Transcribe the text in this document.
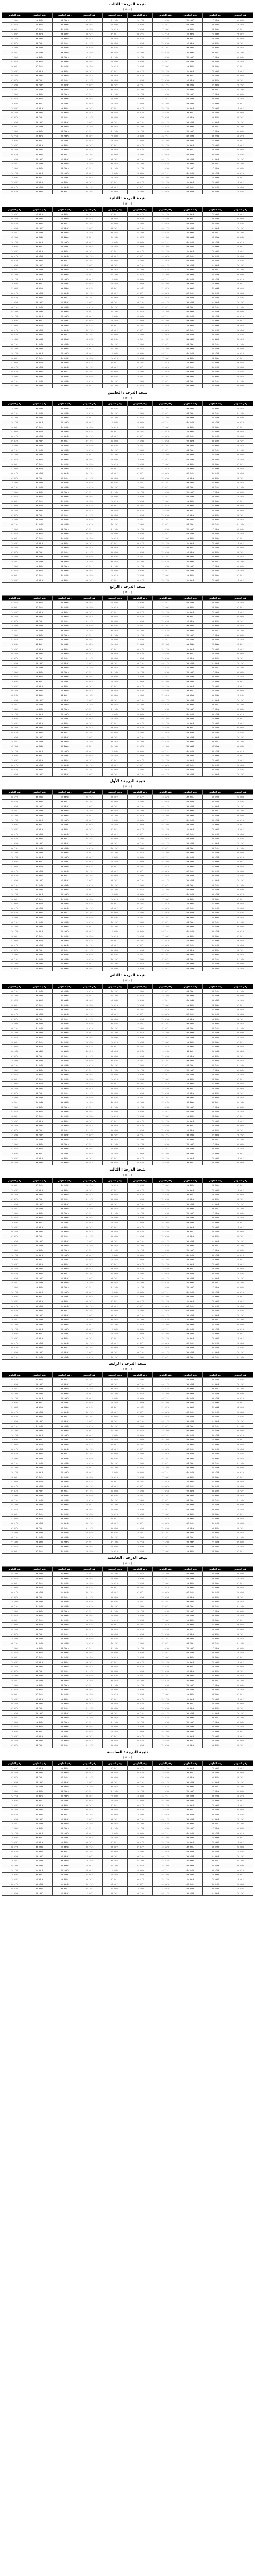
نتيجة الدرجة : الثالث
( ١٥٠٠ )
رقم الجلوس	رقم الجلوس	رقم الجلوس	رقم الجلوس	رقم الجلوس	رقم الجلوس	رقم الجلوس	رقم الجلوس	رقم الجلوس	رقم الجلوس
٤٥٦٧ ٢٣	٥٤٣٢ ٦٧	٩٨٧٦ ٤٥	٣٢١٠ ٨٩	١٢٣٤ ٥٦	٢٣٤٥ ٧٨	٨٧٦٥ ١٢	٦٧٨٩ ٣٤	٤٥٦٧ ٢٣	٥٤٣٢ ٦٧
٢٣٤٥ ٧٨	٨٧٦٥ ١٢	٦٧٨٩ ٣٤	٤٥٦٧ ٢٣	٥٤٣٢ ٦٧	٩٨٧٦ ٤٥	٣٢١٠ ٨٩	١٢٣٤ ٥٦	٢٣٤٥ ٧٨	٨٧٦٥ ١٢
٩٨٧٦ ٤٥	٣٢١٠ ٨٩	١٢٣٤ ٥٦	٢٣٤٥ ٧٨	٨٧٦٥ ١٢	٦٧٨٩ ٣٤	٤٥٦٧ ٢٣	٥٤٣٢ ٦٧	٩٨٧٦ ٤٥	٣٢١٠ ٨٩
٦٧٨٩ ٣٤	٤٥٦٧ ٢٣	٥٤٣٢ ٦٧	٩٨٧٦ ٤٥	٣٢١٠ ٨٩	١٢٣٤ ٥٦	٢٣٤٥ ٧٨	٨٧٦٥ ١٢	٦٧٨٩ ٣٤	٤٥٦٧ ٢٣
١٢٣٤ ٥٦	٢٣٤٥ ٧٨	٨٧٦٥ ١٢	٦٧٨٩ ٣٤	٤٥٦٧ ٢٣	٥٤٣٢ ٦٧	٩٨٧٦ ٤٥	٣٢١٠ ٨٩	١٢٣٤ ٥٦	٢٣٤٥ ٧٨
٥٤٣٢ ٦٧	٩٨٧٦ ٤٥	٣٢١٠ ٨٩	١٢٣٤ ٥٦	٢٣٤٥ ٧٨	٨٧٦٥ ١٢	٦٧٨٩ ٣٤	٤٥٦٧ ٢٣	٥٤٣٢ ٦٧	٩٨٧٦ ٤٥
٨٧٦٥ ١٢	٦٧٨٩ ٣٤	٤٥٦٧ ٢٣	٥٤٣٢ ٦٧	٩٨٧٦ ٤٥	٣٢١٠ ٨٩	١٢٣٤ ٥٦	٢٣٤٥ ٧٨	٨٧٦٥ ١٢	٦٧٨٩ ٣٤
٣٢١٠ ٨٩	١٢٣٤ ٥٦	٢٣٤٥ ٧٨	٨٧٦٥ ١٢	٦٧٨٩ ٣٤	٤٥٦٧ ٢٣	٥٤٣٢ ٦٧	٩٨٧٦ ٤٥	٣٢١٠ ٨٩	١٢٣٤ ٥٦
٤٥٦٧ ٢٣	٥٤٣٢ ٦٧	٩٨٧٦ ٤٥	٣٢١٠ ٨٩	١٢٣٤ ٥٦	٢٣٤٥ ٧٨	٨٧٦٥ ١٢	٦٧٨٩ ٣٤	٤٥٦٧ ٢٣	٥٤٣٢ ٦٧
٢٣٤٥ ٧٨	٨٧٦٥ ١٢	٦٧٨٩ ٣٤	٤٥٦٧ ٢٣	٥٤٣٢ ٦٧	٩٨٧٦ ٤٥	٣٢١٠ ٨٩	١٢٣٤ ٥٦	٢٣٤٥ ٧٨	٨٧٦٥ ١٢
٩٨٧٦ ٤٥	٣٢١٠ ٨٩	١٢٣٤ ٥٦	٢٣٤٥ ٧٨	٨٧٦٥ ١٢	٦٧٨٩ ٣٤	٤٥٦٧ ٢٣	٥٤٣٢ ٦٧	٩٨٧٦ ٤٥	٣٢١٠ ٨٩
٦٧٨٩ ٣٤	٤٥٦٧ ٢٣	٥٤٣٢ ٦٧	٩٨٧٦ ٤٥	٣٢١٠ ٨٩	١٢٣٤ ٥٦	٢٣٤٥ ٧٨	٨٧٦٥ ١٢	٦٧٨٩ ٣٤	٤٥٦٧ ٢٣
١٢٣٤ ٥٦	٢٣٤٥ ٧٨	٨٧٦٥ ١٢	٦٧٨٩ ٣٤	٤٥٦٧ ٢٣	٥٤٣٢ ٦٧	٩٨٧٦ ٤٥	٣٢١٠ ٨٩	١٢٣٤ ٥٦	٢٣٤٥ ٧٨
٥٤٣٢ ٦٧	٩٨٧٦ ٤٥	٣٢١٠ ٨٩	١٢٣٤ ٥٦	٢٣٤٥ ٧٨	٨٧٦٥ ١٢	٦٧٨٩ ٣٤	٤٥٦٧ ٢٣	٥٤٣٢ ٦٧	٩٨٧٦ ٤٥
٨٧٦٥ ١٢	٦٧٨٩ ٣٤	٤٥٦٧ ٢٣	٥٤٣٢ ٦٧	٩٨٧٦ ٤٥	٣٢١٠ ٨٩	١٢٣٤ ٥٦	٢٣٤٥ ٧٨	٨٧٦٥ ١٢	٦٧٨٩ ٣٤
٣٢١٠ ٨٩	١٢٣٤ ٥٦	٢٣٤٥ ٧٨	٨٧٦٥ ١٢	٦٧٨٩ ٣٤	٤٥٦٧ ٢٣	٥٤٣٢ ٦٧	٩٨٧٦ ٤٥	٣٢١٠ ٨٩	١٢٣٤ ٥٦
٤٥٦٧ ٢٣	٥٤٣٢ ٦٧	٩٨٧٦ ٤٥	٣٢١٠ ٨٩	١٢٣٤ ٥٦	٢٣٤٥ ٧٨	٨٧٦٥ ١٢	٦٧٨٩ ٣٤	٤٥٦٧ ٢٣	٥٤٣٢ ٦٧
٢٣٤٥ ٧٨	٨٧٦٥ ١٢	٦٧٨٩ ٣٤	٤٥٦٧ ٢٣	٥٤٣٢ ٦٧	٩٨٧٦ ٤٥	٣٢١٠ ٨٩	١٢٣٤ ٥٦	٢٣٤٥ ٧٨	٨٧٦٥ ١٢
٩٨٧٦ ٤٥	٣٢١٠ ٨٩	١٢٣٤ ٥٦	٢٣٤٥ ٧٨	٨٧٦٥ ١٢	٦٧٨٩ ٣٤	٤٥٦٧ ٢٣	٥٤٣٢ ٦٧	٩٨٧٦ ٤٥	٣٢١٠ ٨٩
٦٧٨٩ ٣٤	٤٥٦٧ ٢٣	٥٤٣٢ ٦٧	٩٨٧٦ ٤٥	٣٢١٠ ٨٩	١٢٣٤ ٥٦	٢٣٤٥ ٧٨	٨٧٦٥ ١٢	٦٧٨٩ ٣٤	٤٥٦٧ ٢٣
١٢٣٤ ٥٦	٢٣٤٥ ٧٨	٨٧٦٥ ١٢	٦٧٨٩ ٣٤	٤٥٦٧ ٢٣	٥٤٣٢ ٦٧	٩٨٧٦ ٤٥	٣٢١٠ ٨٩	١٢٣٤ ٥٦	٢٣٤٥ ٧٨
٥٤٣٢ ٦٧	٩٨٧٦ ٤٥	٣٢١٠ ٨٩	١٢٣٤ ٥٦	٢٣٤٥ ٧٨	٨٧٦٥ ١٢	٦٧٨٩ ٣٤	٤٥٦٧ ٢٣	٥٤٣٢ ٦٧	٩٨٧٦ ٤٥
٨٧٦٥ ١٢	٦٧٨٩ ٣٤	٤٥٦٧ ٢٣	٥٤٣٢ ٦٧	٩٨٧٦ ٤٥	٣٢١٠ ٨٩	١٢٣٤ ٥٦	٢٣٤٥ ٧٨	٨٧٦٥ ١٢	٦٧٨٩ ٣٤
٣٢١٠ ٨٩	١٢٣٤ ٥٦	٢٣٤٥ ٧٨	٨٧٦٥ ١٢	٦٧٨٩ ٣٤	٤٥٦٧ ٢٣	٥٤٣٢ ٦٧	٩٨٧٦ ٤٥	٣٢١٠ ٨٩	١٢٣٤ ٥٦
٤٥٦٧ ٢٣	٥٤٣٢ ٦٧	٩٨٧٦ ٤٥	٣٢١٠ ٨٩	١٢٣٤ ٥٦	٢٣٤٥ ٧٨	٨٧٦٥ ١٢	٦٧٨٩ ٣٤	٤٥٦٧ ٢٣	٥٤٣٢ ٦٧
٢٣٤٥ ٧٨	٨٧٦٥ ١٢	٦٧٨٩ ٣٤	٤٥٦٧ ٢٣	٥٤٣٢ ٦٧	٩٨٧٦ ٤٥	٣٢١٠ ٨٩	١٢٣٤ ٥٦	٢٣٤٥ ٧٨	٨٧٦٥ ١٢
٩٨٧٦ ٤٥	٣٢١٠ ٨٩	١٢٣٤ ٥٦	٢٣٤٥ ٧٨	٨٧٦٥ ١٢	٦٧٨٩ ٣٤	٤٥٦٧ ٢٣	٥٤٣٢ ٦٧	٩٨٧٦ ٤٥	٣٢١٠ ٨٩
٦٧٨٩ ٣٤	٤٥٦٧ ٢٣	٥٤٣٢ ٦٧	٩٨٧٦ ٤٥	٣٢١٠ ٨٩	١٢٣٤ ٥٦	٢٣٤٥ ٧٨	٨٧٦٥ ١٢	٦٧٨٩ ٣٤	٤٥٦٧ ٢٣
١٢٣٤ ٥٦	٢٣٤٥ ٧٨	٨٧٦٥ ١٢	٦٧٨٩ ٣٤	٤٥٦٧ ٢٣	٥٤٣٢ ٦٧	٩٨٧٦ ٤٥	٣٢١٠ ٨٩	١٢٣٤ ٥٦	٢٣٤٥ ٧٨
٥٤٣٢ ٦٧	٩٨٧٦ ٤٥	٣٢١٠ ٨٩	١٢٣٤ ٥٦	٢٣٤٥ ٧٨	٨٧٦٥ ١٢	٦٧٨٩ ٣٤	٤٥٦٧ ٢٣	٥٤٣٢ ٦٧	٩٨٧٦ ٤٥
٨٧٦٥ ١٢	٦٧٨٩ ٣٤	٤٥٦٧ ٢٣	٥٤٣٢ ٦٧	٩٨٧٦ ٤٥	٣٢١٠ ٨٩	١٢٣٤ ٥٦	٢٣٤٥ ٧٨	٨٧٦٥ ١٢	٦٧٨٩ ٣٤
٣٢١٠ ٨٩	١٢٣٤ ٥٦	٢٣٤٥ ٧٨	٨٧٦٥ ١٢	٦٧٨٩ ٣٤	٤٥٦٧ ٢٣	٥٤٣٢ ٦٧	٩٨٧٦ ٤٥	٣٢١٠ ٨٩	١٢٣٤ ٥٦
٤٥٦٧ ٢٣	٥٤٣٢ ٦٧	٩٨٧٦ ٤٥	٣٢١٠ ٨٩	١٢٣٤ ٥٦	٢٣٤٥ ٧٨	٨٧٦٥ ١٢	٦٧٨٩ ٣٤	٤٥٦٧ ٢٣	٥٤٣٢ ٦٧
٢٣٤٥ ٧٨	٨٧٦٥ ١٢	٦٧٨٩ ٣٤	٤٥٦٧ ٢٣	٥٤٣٢ ٦٧	٩٨٧٦ ٤٥	٣٢١٠ ٨٩	١٢٣٤ ٥٦	٢٣٤٥ ٧٨	٨٧٦٥ ١٢
٩٨٧٦ ٤٥	٣٢١٠ ٨٩	١٢٣٤ ٥٦	٢٣٤٥ ٧٨	٨٧٦٥ ١٢	٦٧٨٩ ٣٤	٤٥٦٧ ٢٣	٥٤٣٢ ٦٧	٩٨٧٦ ٤٥	٣٢١٠ ٨٩
٦٧٨٩ ٣٤	٤٥٦٧ ٢٣	٥٤٣٢ ٦٧	٩٨٧٦ ٤٥	٣٢١٠ ٨٩	١٢٣٤ ٥٦	٢٣٤٥ ٧٨	٨٧٦٥ ١٢	٦٧٨٩ ٣٤	٤٥٦٧ ٢٣
١٢٣٤ ٥٦	٢٣٤٥ ٧٨	٨٧٦٥ ١٢	٦٧٨٩ ٣٤	٤٥٦٧ ٢٣	٥٤٣٢ ٦٧	٩٨٧٦ ٤٥	٣٢١٠ ٨٩	١٢٣٤ ٥٦	٢٣٤٥ ٧٨
٥٤٣٢ ٦٧	٩٨٧٦ ٤٥	٣٢١٠ ٨٩	١٢٣٤ ٥٦	٢٣٤٥ ٧٨	٨٧٦٥ ١٢	٦٧٨٩ ٣٤	٤٥٦٧ ٢٣	٥٤٣٢ ٦٧	٩٨٧٦ ٤٥
نتيجة الدرجة : الثانية
( ١٢٠٠ )
رقم الجلوس	رقم الجلوس	رقم الجلوس	رقم الجلوس	رقم الجلوس	رقم الجلوس	رقم الجلوس	رقم الجلوس	رقم الجلوس	رقم الجلوس
٦٧٨٩ ٣٤	٤٥٦٧ ٢٣	٥٤٣٢ ٦٧	٩٨٧٦ ٤٥	٣٢١٠ ٨٩	١٢٣٤ ٥٦	٢٣٤٥ ٧٨	٨٧٦٥ ١٢	٦٧٨٩ ٣٤	٤٥٦٧ ٢٣
١٢٣٤ ٥٦	٢٣٤٥ ٧٨	٨٧٦٥ ١٢	٦٧٨٩ ٣٤	٤٥٦٧ ٢٣	٥٤٣٢ ٦٧	٩٨٧٦ ٤٥	٣٢١٠ ٨٩	١٢٣٤ ٥٦	٢٣٤٥ ٧٨
٥٤٣٢ ٦٧	٩٨٧٦ ٤٥	٣٢١٠ ٨٩	١٢٣٤ ٥٦	٢٣٤٥ ٧٨	٨٧٦٥ ١٢	٦٧٨٩ ٣٤	٤٥٦٧ ٢٣	٥٤٣٢ ٦٧	٩٨٧٦ ٤٥
٨٧٦٥ ١٢	٦٧٨٩ ٣٤	٤٥٦٧ ٢٣	٥٤٣٢ ٦٧	٩٨٧٦ ٤٥	٣٢١٠ ٨٩	١٢٣٤ ٥٦	٢٣٤٥ ٧٨	٨٧٦٥ ١٢	٦٧٨٩ ٣٤
٣٢١٠ ٨٩	١٢٣٤ ٥٦	٢٣٤٥ ٧٨	٨٧٦٥ ١٢	٦٧٨٩ ٣٤	٤٥٦٧ ٢٣	٥٤٣٢ ٦٧	٩٨٧٦ ٤٥	٣٢١٠ ٨٩	١٢٣٤ ٥٦
٤٥٦٧ ٢٣	٥٤٣٢ ٦٧	٩٨٧٦ ٤٥	٣٢١٠ ٨٩	١٢٣٤ ٥٦	٢٣٤٥ ٧٨	٨٧٦٥ ١٢	٦٧٨٩ ٣٤	٤٥٦٧ ٢٣	٥٤٣٢ ٦٧
٢٣٤٥ ٧٨	٨٧٦٥ ١٢	٦٧٨٩ ٣٤	٤٥٦٧ ٢٣	٥٤٣٢ ٦٧	٩٨٧٦ ٤٥	٣٢١٠ ٨٩	١٢٣٤ ٥٦	٢٣٤٥ ٧٨	٨٧٦٥ ١٢
٩٨٧٦ ٤٥	٣٢١٠ ٨٩	١٢٣٤ ٥٦	٢٣٤٥ ٧٨	٨٧٦٥ ١٢	٦٧٨٩ ٣٤	٤٥٦٧ ٢٣	٥٤٣٢ ٦٧	٩٨٧٦ ٤٥	٣٢١٠ ٨٩
٦٧٨٩ ٣٤	٤٥٦٧ ٢٣	٥٤٣٢ ٦٧	٩٨٧٦ ٤٥	٣٢١٠ ٨٩	١٢٣٤ ٥٦	٢٣٤٥ ٧٨	٨٧٦٥ ١٢	٦٧٨٩ ٣٤	٤٥٦٧ ٢٣
١٢٣٤ ٥٦	٢٣٤٥ ٧٨	٨٧٦٥ ١٢	٦٧٨٩ ٣٤	٤٥٦٧ ٢٣	٥٤٣٢ ٦٧	٩٨٧٦ ٤٥	٣٢١٠ ٨٩	١٢٣٤ ٥٦	٢٣٤٥ ٧٨
٥٤٣٢ ٦٧	٩٨٧٦ ٤٥	٣٢١٠ ٨٩	١٢٣٤ ٥٦	٢٣٤٥ ٧٨	٨٧٦٥ ١٢	٦٧٨٩ ٣٤	٤٥٦٧ ٢٣	٥٤٣٢ ٦٧	٩٨٧٦ ٤٥
٨٧٦٥ ١٢	٦٧٨٩ ٣٤	٤٥٦٧ ٢٣	٥٤٣٢ ٦٧	٩٨٧٦ ٤٥	٣٢١٠ ٨٩	١٢٣٤ ٥٦	٢٣٤٥ ٧٨	٨٧٦٥ ١٢	٦٧٨٩ ٣٤
٣٢١٠ ٨٩	١٢٣٤ ٥٦	٢٣٤٥ ٧٨	٨٧٦٥ ١٢	٦٧٨٩ ٣٤	٤٥٦٧ ٢٣	٥٤٣٢ ٦٧	٩٨٧٦ ٤٥	٣٢١٠ ٨٩	١٢٣٤ ٥٦
٤٥٦٧ ٢٣	٥٤٣٢ ٦٧	٩٨٧٦ ٤٥	٣٢١٠ ٨٩	١٢٣٤ ٥٦	٢٣٤٥ ٧٨	٨٧٦٥ ١٢	٦٧٨٩ ٣٤	٤٥٦٧ ٢٣	٥٤٣٢ ٦٧
٢٣٤٥ ٧٨	٨٧٦٥ ١٢	٦٧٨٩ ٣٤	٤٥٦٧ ٢٣	٥٤٣٢ ٦٧	٩٨٧٦ ٤٥	٣٢١٠ ٨٩	١٢٣٤ ٥٦	٢٣٤٥ ٧٨	٨٧٦٥ ١٢
٩٨٧٦ ٤٥	٣٢١٠ ٨٩	١٢٣٤ ٥٦	٢٣٤٥ ٧٨	٨٧٦٥ ١٢	٦٧٨٩ ٣٤	٤٥٦٧ ٢٣	٥٤٣٢ ٦٧	٩٨٧٦ ٤٥	٣٢١٠ ٨٩
٦٧٨٩ ٣٤	٤٥٦٧ ٢٣	٥٤٣٢ ٦٧	٩٨٧٦ ٤٥	٣٢١٠ ٨٩	١٢٣٤ ٥٦	٢٣٤٥ ٧٨	٨٧٦٥ ١٢	٦٧٨٩ ٣٤	٤٥٦٧ ٢٣
١٢٣٤ ٥٦	٢٣٤٥ ٧٨	٨٧٦٥ ١٢	٦٧٨٩ ٣٤	٤٥٦٧ ٢٣	٥٤٣٢ ٦٧	٩٨٧٦ ٤٥	٣٢١٠ ٨٩	١٢٣٤ ٥٦	٢٣٤٥ ٧٨
٥٤٣٢ ٦٧	٩٨٧٦ ٤٥	٣٢١٠ ٨٩	١٢٣٤ ٥٦	٢٣٤٥ ٧٨	٨٧٦٥ ١٢	٦٧٨٩ ٣٤	٤٥٦٧ ٢٣	٥٤٣٢ ٦٧	٩٨٧٦ ٤٥
٨٧٦٥ ١٢	٦٧٨٩ ٣٤	٤٥٦٧ ٢٣	٥٤٣٢ ٦٧	٩٨٧٦ ٤٥	٣٢١٠ ٨٩	١٢٣٤ ٥٦	٢٣٤٥ ٧٨	٨٧٦٥ ١٢	٦٧٨٩ ٣٤
٣٢١٠ ٨٩	١٢٣٤ ٥٦	٢٣٤٥ ٧٨	٨٧٦٥ ١٢	٦٧٨٩ ٣٤	٤٥٦٧ ٢٣	٥٤٣٢ ٦٧	٩٨٧٦ ٤٥	٣٢١٠ ٨٩	١٢٣٤ ٥٦
٤٥٦٧ ٢٣	٥٤٣٢ ٦٧	٩٨٧٦ ٤٥	٣٢١٠ ٨٩	١٢٣٤ ٥٦	٢٣٤٥ ٧٨	٨٧٦٥ ١٢	٦٧٨٩ ٣٤	٤٥٦٧ ٢٣	٥٤٣٢ ٦٧
٢٣٤٥ ٧٨	٨٧٦٥ ١٢	٦٧٨٩ ٣٤	٤٥٦٧ ٢٣	٥٤٣٢ ٦٧	٩٨٧٦ ٤٥	٣٢١٠ ٨٩	١٢٣٤ ٥٦	٢٣٤٥ ٧٨	٨٧٦٥ ١٢
٩٨٧٦ ٤٥	٣٢١٠ ٨٩	١٢٣٤ ٥٦	٢٣٤٥ ٧٨	٨٧٦٥ ١٢	٦٧٨٩ ٣٤	٤٥٦٧ ٢٣	٥٤٣٢ ٦٧	٩٨٧٦ ٤٥	٣٢١٠ ٨٩
٦٧٨٩ ٣٤	٤٥٦٧ ٢٣	٥٤٣٢ ٦٧	٩٨٧٦ ٤٥	٣٢١٠ ٨٩	١٢٣٤ ٥٦	٢٣٤٥ ٧٨	٨٧٦٥ ١٢	٦٧٨٩ ٣٤	٤٥٦٧ ٢٣
١٢٣٤ ٥٦	٢٣٤٥ ٧٨	٨٧٦٥ ١٢	٦٧٨٩ ٣٤	٤٥٦٧ ٢٣	٥٤٣٢ ٦٧	٩٨٧٦ ٤٥	٣٢١٠ ٨٩	١٢٣٤ ٥٦	٢٣٤٥ ٧٨
٥٤٣٢ ٦٧	٩٨٧٦ ٤٥	٣٢١٠ ٨٩	١٢٣٤ ٥٦	٢٣٤٥ ٧٨	٨٧٦٥ ١٢	٦٧٨٩ ٣٤	٤٥٦٧ ٢٣	٥٤٣٢ ٦٧	٩٨٧٦ ٤٥
٨٧٦٥ ١٢	٦٧٨٩ ٣٤	٤٥٦٧ ٢٣	٥٤٣٢ ٦٧	٩٨٧٦ ٤٥	٣٢١٠ ٨٩	١٢٣٤ ٥٦	٢٣٤٥ ٧٨	٨٧٦٥ ١٢	٦٧٨٩ ٣٤
٣٢١٠ ٨٩	١٢٣٤ ٥٦	٢٣٤٥ ٧٨	٨٧٦٥ ١٢	٦٧٨٩ ٣٤	٤٥٦٧ ٢٣	٥٤٣٢ ٦٧	٩٨٧٦ ٤٥	٣٢١٠ ٨٩	١٢٣٤ ٥٦
٤٥٦٧ ٢٣	٥٤٣٢ ٦٧	٩٨٧٦ ٤٥	٣٢١٠ ٨٩	١٢٣٤ ٥٦	٢٣٤٥ ٧٨	٨٧٦٥ ١٢	٦٧٨٩ ٣٤	٤٥٦٧ ٢٣	٥٤٣٢ ٦٧
٢٣٤٥ ٧٨	٨٧٦٥ ١٢	٦٧٨٩ ٣٤	٤٥٦٧ ٢٣	٥٤٣٢ ٦٧	٩٨٧٦ ٤٥	٣٢١٠ ٨٩	١٢٣٤ ٥٦	٢٣٤٥ ٧٨	٨٧٦٥ ١٢
٩٨٧٦ ٤٥	٣٢١٠ ٨٩	١٢٣٤ ٥٦	٢٣٤٥ ٧٨	٨٧٦٥ ١٢	٦٧٨٩ ٣٤	٤٥٦٧ ٢٣	٥٤٣٢ ٦٧	٩٨٧٦ ٤٥	٣٢١٠ ٨٩
٦٧٨٩ ٣٤	٤٥٦٧ ٢٣	٥٤٣٢ ٦٧	٩٨٧٦ ٤٥	٣٢١٠ ٨٩	١٢٣٤ ٥٦	٢٣٤٥ ٧٨	٨٧٦٥ ١٢	٦٧٨٩ ٣٤	٤٥٦٧ ٢٣
١٢٣٤ ٥٦	٢٣٤٥ ٧٨	٨٧٦٥ ١٢	٦٧٨٩ ٣٤	٤٥٦٧ ٢٣	٥٤٣٢ ٦٧	٩٨٧٦ ٤٥	٣٢١٠ ٨٩	١٢٣٤ ٥٦	٢٣٤٥ ٧٨
٥٤٣٢ ٦٧	٩٨٧٦ ٤٥	٣٢١٠ ٨٩	١٢٣٤ ٥٦	٢٣٤٥ ٧٨	٨٧٦٥ ١٢	٦٧٨٩ ٣٤	٤٥٦٧ ٢٣	٥٤٣٢ ٦٧	٩٨٧٦ ٤٥
٨٧٦٥ ١٢	٦٧٨٩ ٣٤	٤٥٦٧ ٢٣	٥٤٣٢ ٦٧	٩٨٧٦ ٤٥	٣٢١٠ ٨٩	١٢٣٤ ٥٦	٢٣٤٥ ٧٨	٨٧٦٥ ١٢	٦٧٨٩ ٣٤
٣٢١٠ ٨٩	١٢٣٤ ٥٦	٢٣٤٥ ٧٨	٨٧٦٥ ١٢	٦٧٨٩ ٣٤	٤٥٦٧ ٢٣	٥٤٣٢ ٦٧	٩٨٧٦ ٤٥	٣٢١٠ ٨٩	١٢٣٤ ٥٦
٤٥٦٧ ٢٣	٥٤٣٢ ٦٧	٩٨٧٦ ٤٥	٣٢١٠ ٨٩	١٢٣٤ ٥٦	٢٣٤٥ ٧٨	٨٧٦٥ ١٢	٦٧٨٩ ٣٤	٤٥٦٧ ٢٣	٥٤٣٢ ٦٧
نتيجة الدرجة : الخامس
( ١٢٠٠ )
رقم الجلوس	رقم الجلوس	رقم الجلوس	رقم الجلوس	رقم الجلوس	رقم الجلوس	رقم الجلوس	رقم الجلوس	رقم الجلوس	رقم الجلوس
٨٧٦٥ ١٢	٦٧٨٩ ٣٤	٤٥٦٧ ٢٣	٥٤٣٢ ٦٧	٩٨٧٦ ٤٥	٣٢١٠ ٨٩	١٢٣٤ ٥٦	٢٣٤٥ ٧٨	٨٧٦٥ ١٢	٦٧٨٩ ٣٤
٣٢١٠ ٨٩	١٢٣٤ ٥٦	٢٣٤٥ ٧٨	٨٧٦٥ ١٢	٦٧٨٩ ٣٤	٤٥٦٧ ٢٣	٥٤٣٢ ٦٧	٩٨٧٦ ٤٥	٣٢١٠ ٨٩	١٢٣٤ ٥٦
٤٥٦٧ ٢٣	٥٤٣٢ ٦٧	٩٨٧٦ ٤٥	٣٢١٠ ٨٩	١٢٣٤ ٥٦	٢٣٤٥ ٧٨	٨٧٦٥ ١٢	٦٧٨٩ ٣٤	٤٥٦٧ ٢٣	٥٤٣٢ ٦٧
٢٣٤٥ ٧٨	٨٧٦٥ ١٢	٦٧٨٩ ٣٤	٤٥٦٧ ٢٣	٥٤٣٢ ٦٧	٩٨٧٦ ٤٥	٣٢١٠ ٨٩	١٢٣٤ ٥٦	٢٣٤٥ ٧٨	٨٧٦٥ ١٢
٩٨٧٦ ٤٥	٣٢١٠ ٨٩	١٢٣٤ ٥٦	٢٣٤٥ ٧٨	٨٧٦٥ ١٢	٦٧٨٩ ٣٤	٤٥٦٧ ٢٣	٥٤٣٢ ٦٧	٩٨٧٦ ٤٥	٣٢١٠ ٨٩
٦٧٨٩ ٣٤	٤٥٦٧ ٢٣	٥٤٣٢ ٦٧	٩٨٧٦ ٤٥	٣٢١٠ ٨٩	١٢٣٤ ٥٦	٢٣٤٥ ٧٨	٨٧٦٥ ١٢	٦٧٨٩ ٣٤	٤٥٦٧ ٢٣
١٢٣٤ ٥٦	٢٣٤٥ ٧٨	٨٧٦٥ ١٢	٦٧٨٩ ٣٤	٤٥٦٧ ٢٣	٥٤٣٢ ٦٧	٩٨٧٦ ٤٥	٣٢١٠ ٨٩	١٢٣٤ ٥٦	٢٣٤٥ ٧٨
٥٤٣٢ ٦٧	٩٨٧٦ ٤٥	٣٢١٠ ٨٩	١٢٣٤ ٥٦	٢٣٤٥ ٧٨	٨٧٦٥ ١٢	٦٧٨٩ ٣٤	٤٥٦٧ ٢٣	٥٤٣٢ ٦٧	٩٨٧٦ ٤٥
٨٧٦٥ ١٢	٦٧٨٩ ٣٤	٤٥٦٧ ٢٣	٥٤٣٢ ٦٧	٩٨٧٦ ٤٥	٣٢١٠ ٨٩	١٢٣٤ ٥٦	٢٣٤٥ ٧٨	٨٧٦٥ ١٢	٦٧٨٩ ٣٤
٣٢١٠ ٨٩	١٢٣٤ ٥٦	٢٣٤٥ ٧٨	٨٧٦٥ ١٢	٦٧٨٩ ٣٤	٤٥٦٧ ٢٣	٥٤٣٢ ٦٧	٩٨٧٦ ٤٥	٣٢١٠ ٨٩	١٢٣٤ ٥٦
٤٥٦٧ ٢٣	٥٤٣٢ ٦٧	٩٨٧٦ ٤٥	٣٢١٠ ٨٩	١٢٣٤ ٥٦	٢٣٤٥ ٧٨	٨٧٦٥ ١٢	٦٧٨٩ ٣٤	٤٥٦٧ ٢٣	٥٤٣٢ ٦٧
٢٣٤٥ ٧٨	٨٧٦٥ ١٢	٦٧٨٩ ٣٤	٤٥٦٧ ٢٣	٥٤٣٢ ٦٧	٩٨٧٦ ٤٥	٣٢١٠ ٨٩	١٢٣٤ ٥٦	٢٣٤٥ ٧٨	٨٧٦٥ ١٢
٩٨٧٦ ٤٥	٣٢١٠ ٨٩	١٢٣٤ ٥٦	٢٣٤٥ ٧٨	٨٧٦٥ ١٢	٦٧٨٩ ٣٤	٤٥٦٧ ٢٣	٥٤٣٢ ٦٧	٩٨٧٦ ٤٥	٣٢١٠ ٨٩
٦٧٨٩ ٣٤	٤٥٦٧ ٢٣	٥٤٣٢ ٦٧	٩٨٧٦ ٤٥	٣٢١٠ ٨٩	١٢٣٤ ٥٦	٢٣٤٥ ٧٨	٨٧٦٥ ١٢	٦٧٨٩ ٣٤	٤٥٦٧ ٢٣
١٢٣٤ ٥٦	٢٣٤٥ ٧٨	٨٧٦٥ ١٢	٦٧٨٩ ٣٤	٤٥٦٧ ٢٣	٥٤٣٢ ٦٧	٩٨٧٦ ٤٥	٣٢١٠ ٨٩	١٢٣٤ ٥٦	٢٣٤٥ ٧٨
٥٤٣٢ ٦٧	٩٨٧٦ ٤٥	٣٢١٠ ٨٩	١٢٣٤ ٥٦	٢٣٤٥ ٧٨	٨٧٦٥ ١٢	٦٧٨٩ ٣٤	٤٥٦٧ ٢٣	٥٤٣٢ ٦٧	٩٨٧٦ ٤٥
٨٧٦٥ ١٢	٦٧٨٩ ٣٤	٤٥٦٧ ٢٣	٥٤٣٢ ٦٧	٩٨٧٦ ٤٥	٣٢١٠ ٨٩	١٢٣٤ ٥٦	٢٣٤٥ ٧٨	٨٧٦٥ ١٢	٦٧٨٩ ٣٤
٣٢١٠ ٨٩	١٢٣٤ ٥٦	٢٣٤٥ ٧٨	٨٧٦٥ ١٢	٦٧٨٩ ٣٤	٤٥٦٧ ٢٣	٥٤٣٢ ٦٧	٩٨٧٦ ٤٥	٣٢١٠ ٨٩	١٢٣٤ ٥٦
٤٥٦٧ ٢٣	٥٤٣٢ ٦٧	٩٨٧٦ ٤٥	٣٢١٠ ٨٩	١٢٣٤ ٥٦	٢٣٤٥ ٧٨	٨٧٦٥ ١٢	٦٧٨٩ ٣٤	٤٥٦٧ ٢٣	٥٤٣٢ ٦٧
٢٣٤٥ ٧٨	٨٧٦٥ ١٢	٦٧٨٩ ٣٤	٤٥٦٧ ٢٣	٥٤٣٢ ٦٧	٩٨٧٦ ٤٥	٣٢١٠ ٨٩	١٢٣٤ ٥٦	٢٣٤٥ ٧٨	٨٧٦٥ ١٢
٩٨٧٦ ٤٥	٣٢١٠ ٨٩	١٢٣٤ ٥٦	٢٣٤٥ ٧٨	٨٧٦٥ ١٢	٦٧٨٩ ٣٤	٤٥٦٧ ٢٣	٥٤٣٢ ٦٧	٩٨٧٦ ٤٥	٣٢١٠ ٨٩
٦٧٨٩ ٣٤	٤٥٦٧ ٢٣	٥٤٣٢ ٦٧	٩٨٧٦ ٤٥	٣٢١٠ ٨٩	١٢٣٤ ٥٦	٢٣٤٥ ٧٨	٨٧٦٥ ١٢	٦٧٨٩ ٣٤	٤٥٦٧ ٢٣
١٢٣٤ ٥٦	٢٣٤٥ ٧٨	٨٧٦٥ ١٢	٦٧٨٩ ٣٤	٤٥٦٧ ٢٣	٥٤٣٢ ٦٧	٩٨٧٦ ٤٥	٣٢١٠ ٨٩	١٢٣٤ ٥٦	٢٣٤٥ ٧٨
٥٤٣٢ ٦٧	٩٨٧٦ ٤٥	٣٢١٠ ٨٩	١٢٣٤ ٥٦	٢٣٤٥ ٧٨	٨٧٦٥ ١٢	٦٧٨٩ ٣٤	٤٥٦٧ ٢٣	٥٤٣٢ ٦٧	٩٨٧٦ ٤٥
٨٧٦٥ ١٢	٦٧٨٩ ٣٤	٤٥٦٧ ٢٣	٥٤٣٢ ٦٧	٩٨٧٦ ٤٥	٣٢١٠ ٨٩	١٢٣٤ ٥٦	٢٣٤٥ ٧٨	٨٧٦٥ ١٢	٦٧٨٩ ٣٤
٣٢١٠ ٨٩	١٢٣٤ ٥٦	٢٣٤٥ ٧٨	٨٧٦٥ ١٢	٦٧٨٩ ٣٤	٤٥٦٧ ٢٣	٥٤٣٢ ٦٧	٩٨٧٦ ٤٥	٣٢١٠ ٨٩	١٢٣٤ ٥٦
٤٥٦٧ ٢٣	٥٤٣٢ ٦٧	٩٨٧٦ ٤٥	٣٢١٠ ٨٩	١٢٣٤ ٥٦	٢٣٤٥ ٧٨	٨٧٦٥ ١٢	٦٧٨٩ ٣٤	٤٥٦٧ ٢٣	٥٤٣٢ ٦٧
٢٣٤٥ ٧٨	٨٧٦٥ ١٢	٦٧٨٩ ٣٤	٤٥٦٧ ٢٣	٥٤٣٢ ٦٧	٩٨٧٦ ٤٥	٣٢١٠ ٨٩	١٢٣٤ ٥٦	٢٣٤٥ ٧٨	٨٧٦٥ ١٢
٩٨٧٦ ٤٥	٣٢١٠ ٨٩	١٢٣٤ ٥٦	٢٣٤٥ ٧٨	٨٧٦٥ ١٢	٦٧٨٩ ٣٤	٤٥٦٧ ٢٣	٥٤٣٢ ٦٧	٩٨٧٦ ٤٥	٣٢١٠ ٨٩
٦٧٨٩ ٣٤	٤٥٦٧ ٢٣	٥٤٣٢ ٦٧	٩٨٧٦ ٤٥	٣٢١٠ ٨٩	١٢٣٤ ٥٦	٢٣٤٥ ٧٨	٨٧٦٥ ١٢	٦٧٨٩ ٣٤	٤٥٦٧ ٢٣
١٢٣٤ ٥٦	٢٣٤٥ ٧٨	٨٧٦٥ ١٢	٦٧٨٩ ٣٤	٤٥٦٧ ٢٣	٥٤٣٢ ٦٧	٩٨٧٦ ٤٥	٣٢١٠ ٨٩	١٢٣٤ ٥٦	٢٣٤٥ ٧٨
٥٤٣٢ ٦٧	٩٨٧٦ ٤٥	٣٢١٠ ٨٩	١٢٣٤ ٥٦	٢٣٤٥ ٧٨	٨٧٦٥ ١٢	٦٧٨٩ ٣٤	٤٥٦٧ ٢٣	٥٤٣٢ ٦٧	٩٨٧٦ ٤٥
٨٧٦٥ ١٢	٦٧٨٩ ٣٤	٤٥٦٧ ٢٣	٥٤٣٢ ٦٧	٩٨٧٦ ٤٥	٣٢١٠ ٨٩	١٢٣٤ ٥٦	٢٣٤٥ ٧٨	٨٧٦٥ ١٢	٦٧٨٩ ٣٤
٣٢١٠ ٨٩	١٢٣٤ ٥٦	٢٣٤٥ ٧٨	٨٧٦٥ ١٢	٦٧٨٩ ٣٤	٤٥٦٧ ٢٣	٥٤٣٢ ٦٧	٩٨٧٦ ٤٥	٣٢١٠ ٨٩	١٢٣٤ ٥٦
٤٥٦٧ ٢٣	٥٤٣٢ ٦٧	٩٨٧٦ ٤٥	٣٢١٠ ٨٩	١٢٣٤ ٥٦	٢٣٤٥ ٧٨	٨٧٦٥ ١٢	٦٧٨٩ ٣٤	٤٥٦٧ ٢٣	٥٤٣٢ ٦٧
٢٣٤٥ ٧٨	٨٧٦٥ ١٢	٦٧٨٩ ٣٤	٤٥٦٧ ٢٣	٥٤٣٢ ٦٧	٩٨٧٦ ٤٥	٣٢١٠ ٨٩	١٢٣٤ ٥٦	٢٣٤٥ ٧٨	٨٧٦٥ ١٢
٩٨٧٦ ٤٥	٣٢١٠ ٨٩	١٢٣٤ ٥٦	٢٣٤٥ ٧٨	٨٧٦٥ ١٢	٦٧٨٩ ٣٤	٤٥٦٧ ٢٣	٥٤٣٢ ٦٧	٩٨٧٦ ٤٥	٣٢١٠ ٨٩
٦٧٨٩ ٣٤	٤٥٦٧ ٢٣	٥٤٣٢ ٦٧	٩٨٧٦ ٤٥	٣٢١٠ ٨٩	١٢٣٤ ٥٦	٢٣٤٥ ٧٨	٨٧٦٥ ١٢	٦٧٨٩ ٣٤	٤٥٦٧ ٢٣
نتيجة الدرجة : الرابع
( ١٢٠٠ )
رقم الجلوس	رقم الجلوس	رقم الجلوس	رقم الجلوس	رقم الجلوس	رقم الجلوس	رقم الجلوس	رقم الجلوس	رقم الجلوس	رقم الجلوس
٢٣٤٥ ٧٨	٨٧٦٥ ١٢	٦٧٨٩ ٣٤	٤٥٦٧ ٢٣	٥٤٣٢ ٦٧	٩٨٧٦ ٤٥	٣٢١٠ ٨٩	١٢٣٤ ٥٦	٢٣٤٥ ٧٨	٨٧٦٥ ١٢
٩٨٧٦ ٤٥	٣٢١٠ ٨٩	١٢٣٤ ٥٦	٢٣٤٥ ٧٨	٨٧٦٥ ١٢	٦٧٨٩ ٣٤	٤٥٦٧ ٢٣	٥٤٣٢ ٦٧	٩٨٧٦ ٤٥	٣٢١٠ ٨٩
٦٧٨٩ ٣٤	٤٥٦٧ ٢٣	٥٤٣٢ ٦٧	٩٨٧٦ ٤٥	٣٢١٠ ٨٩	١٢٣٤ ٥٦	٢٣٤٥ ٧٨	٨٧٦٥ ١٢	٦٧٨٩ ٣٤	٤٥٦٧ ٢٣
١٢٣٤ ٥٦	٢٣٤٥ ٧٨	٨٧٦٥ ١٢	٦٧٨٩ ٣٤	٤٥٦٧ ٢٣	٥٤٣٢ ٦٧	٩٨٧٦ ٤٥	٣٢١٠ ٨٩	١٢٣٤ ٥٦	٢٣٤٥ ٧٨
٥٤٣٢ ٦٧	٩٨٧٦ ٤٥	٣٢١٠ ٨٩	١٢٣٤ ٥٦	٢٣٤٥ ٧٨	٨٧٦٥ ١٢	٦٧٨٩ ٣٤	٤٥٦٧ ٢٣	٥٤٣٢ ٦٧	٩٨٧٦ ٤٥
٨٧٦٥ ١٢	٦٧٨٩ ٣٤	٤٥٦٧ ٢٣	٥٤٣٢ ٦٧	٩٨٧٦ ٤٥	٣٢١٠ ٨٩	١٢٣٤ ٥٦	٢٣٤٥ ٧٨	٨٧٦٥ ١٢	٦٧٨٩ ٣٤
٣٢١٠ ٨٩	١٢٣٤ ٥٦	٢٣٤٥ ٧٨	٨٧٦٥ ١٢	٦٧٨٩ ٣٤	٤٥٦٧ ٢٣	٥٤٣٢ ٦٧	٩٨٧٦ ٤٥	٣٢١٠ ٨٩	١٢٣٤ ٥٦
٤٥٦٧ ٢٣	٥٤٣٢ ٦٧	٩٨٧٦ ٤٥	٣٢١٠ ٨٩	١٢٣٤ ٥٦	٢٣٤٥ ٧٨	٨٧٦٥ ١٢	٦٧٨٩ ٣٤	٤٥٦٧ ٢٣	٥٤٣٢ ٦٧
٢٣٤٥ ٧٨	٨٧٦٥ ١٢	٦٧٨٩ ٣٤	٤٥٦٧ ٢٣	٥٤٣٢ ٦٧	٩٨٧٦ ٤٥	٣٢١٠ ٨٩	١٢٣٤ ٥٦	٢٣٤٥ ٧٨	٨٧٦٥ ١٢
٩٨٧٦ ٤٥	٣٢١٠ ٨٩	١٢٣٤ ٥٦	٢٣٤٥ ٧٨	٨٧٦٥ ١٢	٦٧٨٩ ٣٤	٤٥٦٧ ٢٣	٥٤٣٢ ٦٧	٩٨٧٦ ٤٥	٣٢١٠ ٨٩
٦٧٨٩ ٣٤	٤٥٦٧ ٢٣	٥٤٣٢ ٦٧	٩٨٧٦ ٤٥	٣٢١٠ ٨٩	١٢٣٤ ٥٦	٢٣٤٥ ٧٨	٨٧٦٥ ١٢	٦٧٨٩ ٣٤	٤٥٦٧ ٢٣
١٢٣٤ ٥٦	٢٣٤٥ ٧٨	٨٧٦٥ ١٢	٦٧٨٩ ٣٤	٤٥٦٧ ٢٣	٥٤٣٢ ٦٧	٩٨٧٦ ٤٥	٣٢١٠ ٨٩	١٢٣٤ ٥٦	٢٣٤٥ ٧٨
٥٤٣٢ ٦٧	٩٨٧٦ ٤٥	٣٢١٠ ٨٩	١٢٣٤ ٥٦	٢٣٤٥ ٧٨	٨٧٦٥ ١٢	٦٧٨٩ ٣٤	٤٥٦٧ ٢٣	٥٤٣٢ ٦٧	٩٨٧٦ ٤٥
٨٧٦٥ ١٢	٦٧٨٩ ٣٤	٤٥٦٧ ٢٣	٥٤٣٢ ٦٧	٩٨٧٦ ٤٥	٣٢١٠ ٨٩	١٢٣٤ ٥٦	٢٣٤٥ ٧٨	٨٧٦٥ ١٢	٦٧٨٩ ٣٤
٣٢١٠ ٨٩	١٢٣٤ ٥٦	٢٣٤٥ ٧٨	٨٧٦٥ ١٢	٦٧٨٩ ٣٤	٤٥٦٧ ٢٣	٥٤٣٢ ٦٧	٩٨٧٦ ٤٥	٣٢١٠ ٨٩	١٢٣٤ ٥٦
٤٥٦٧ ٢٣	٥٤٣٢ ٦٧	٩٨٧٦ ٤٥	٣٢١٠ ٨٩	١٢٣٤ ٥٦	٢٣٤٥ ٧٨	٨٧٦٥ ١٢	٦٧٨٩ ٣٤	٤٥٦٧ ٢٣	٥٤٣٢ ٦٧
٢٣٤٥ ٧٨	٨٧٦٥ ١٢	٦٧٨٩ ٣٤	٤٥٦٧ ٢٣	٥٤٣٢ ٦٧	٩٨٧٦ ٤٥	٣٢١٠ ٨٩	١٢٣٤ ٥٦	٢٣٤٥ ٧٨	٨٧٦٥ ١٢
٩٨٧٦ ٤٥	٣٢١٠ ٨٩	١٢٣٤ ٥٦	٢٣٤٥ ٧٨	٨٧٦٥ ١٢	٦٧٨٩ ٣٤	٤٥٦٧ ٢٣	٥٤٣٢ ٦٧	٩٨٧٦ ٤٥	٣٢١٠ ٨٩
٦٧٨٩ ٣٤	٤٥٦٧ ٢٣	٥٤٣٢ ٦٧	٩٨٧٦ ٤٥	٣٢١٠ ٨٩	١٢٣٤ ٥٦	٢٣٤٥ ٧٨	٨٧٦٥ ١٢	٦٧٨٩ ٣٤	٤٥٦٧ ٢٣
١٢٣٤ ٥٦	٢٣٤٥ ٧٨	٨٧٦٥ ١٢	٦٧٨٩ ٣٤	٤٥٦٧ ٢٣	٥٤٣٢ ٦٧	٩٨٧٦ ٤٥	٣٢١٠ ٨٩	١٢٣٤ ٥٦	٢٣٤٥ ٧٨
٥٤٣٢ ٦٧	٩٨٧٦ ٤٥	٣٢١٠ ٨٩	١٢٣٤ ٥٦	٢٣٤٥ ٧٨	٨٧٦٥ ١٢	٦٧٨٩ ٣٤	٤٥٦٧ ٢٣	٥٤٣٢ ٦٧	٩٨٧٦ ٤٥
٨٧٦٥ ١٢	٦٧٨٩ ٣٤	٤٥٦٧ ٢٣	٥٤٣٢ ٦٧	٩٨٧٦ ٤٥	٣٢١٠ ٨٩	١٢٣٤ ٥٦	٢٣٤٥ ٧٨	٨٧٦٥ ١٢	٦٧٨٩ ٣٤
٣٢١٠ ٨٩	١٢٣٤ ٥٦	٢٣٤٥ ٧٨	٨٧٦٥ ١٢	٦٧٨٩ ٣٤	٤٥٦٧ ٢٣	٥٤٣٢ ٦٧	٩٨٧٦ ٤٥	٣٢١٠ ٨٩	١٢٣٤ ٥٦
٤٥٦٧ ٢٣	٥٤٣٢ ٦٧	٩٨٧٦ ٤٥	٣٢١٠ ٨٩	١٢٣٤ ٥٦	٢٣٤٥ ٧٨	٨٧٦٥ ١٢	٦٧٨٩ ٣٤	٤٥٦٧ ٢٣	٥٤٣٢ ٦٧
٢٣٤٥ ٧٨	٨٧٦٥ ١٢	٦٧٨٩ ٣٤	٤٥٦٧ ٢٣	٥٤٣٢ ٦٧	٩٨٧٦ ٤٥	٣٢١٠ ٨٩	١٢٣٤ ٥٦	٢٣٤٥ ٧٨	٨٧٦٥ ١٢
٩٨٧٦ ٤٥	٣٢١٠ ٨٩	١٢٣٤ ٥٦	٢٣٤٥ ٧٨	٨٧٦٥ ١٢	٦٧٨٩ ٣٤	٤٥٦٧ ٢٣	٥٤٣٢ ٦٧	٩٨٧٦ ٤٥	٣٢١٠ ٨٩
٦٧٨٩ ٣٤	٤٥٦٧ ٢٣	٥٤٣٢ ٦٧	٩٨٧٦ ٤٥	٣٢١٠ ٨٩	١٢٣٤ ٥٦	٢٣٤٥ ٧٨	٨٧٦٥ ١٢	٦٧٨٩ ٣٤	٤٥٦٧ ٢٣
١٢٣٤ ٥٦	٢٣٤٥ ٧٨	٨٧٦٥ ١٢	٦٧٨٩ ٣٤	٤٥٦٧ ٢٣	٥٤٣٢ ٦٧	٩٨٧٦ ٤٥	٣٢١٠ ٨٩	١٢٣٤ ٥٦	٢٣٤٥ ٧٨
٥٤٣٢ ٦٧	٩٨٧٦ ٤٥	٣٢١٠ ٨٩	١٢٣٤ ٥٦	٢٣٤٥ ٧٨	٨٧٦٥ ١٢	٦٧٨٩ ٣٤	٤٥٦٧ ٢٣	٥٤٣٢ ٦٧	٩٨٧٦ ٤٥
٨٧٦٥ ١٢	٦٧٨٩ ٣٤	٤٥٦٧ ٢٣	٥٤٣٢ ٦٧	٩٨٧٦ ٤٥	٣٢١٠ ٨٩	١٢٣٤ ٥٦	٢٣٤٥ ٧٨	٨٧٦٥ ١٢	٦٧٨٩ ٣٤
٣٢١٠ ٨٩	١٢٣٤ ٥٦	٢٣٤٥ ٧٨	٨٧٦٥ ١٢	٦٧٨٩ ٣٤	٤٥٦٧ ٢٣	٥٤٣٢ ٦٧	٩٨٧٦ ٤٥	٣٢١٠ ٨٩	١٢٣٤ ٥٦
٤٥٦٧ ٢٣	٥٤٣٢ ٦٧	٩٨٧٦ ٤٥	٣٢١٠ ٨٩	١٢٣٤ ٥٦	٢٣٤٥ ٧٨	٨٧٦٥ ١٢	٦٧٨٩ ٣٤	٤٥٦٧ ٢٣	٥٤٣٢ ٦٧
٢٣٤٥ ٧٨	٨٧٦٥ ١٢	٦٧٨٩ ٣٤	٤٥٦٧ ٢٣	٥٤٣٢ ٦٧	٩٨٧٦ ٤٥	٣٢١٠ ٨٩	١٢٣٤ ٥٦	٢٣٤٥ ٧٨	٨٧٦٥ ١٢
٩٨٧٦ ٤٥	٣٢١٠ ٨٩	١٢٣٤ ٥٦	٢٣٤٥ ٧٨	٨٧٦٥ ١٢	٦٧٨٩ ٣٤	٤٥٦٧ ٢٣	٥٤٣٢ ٦٧	٩٨٧٦ ٤٥	٣٢١٠ ٨٩
٦٧٨٩ ٣٤	٤٥٦٧ ٢٣	٥٤٣٢ ٦٧	٩٨٧٦ ٤٥	٣٢١٠ ٨٩	١٢٣٤ ٥٦	٢٣٤٥ ٧٨	٨٧٦٥ ١٢	٦٧٨٩ ٣٤	٤٥٦٧ ٢٣
١٢٣٤ ٥٦	٢٣٤٥ ٧٨	٨٧٦٥ ١٢	٦٧٨٩ ٣٤	٤٥٦٧ ٢٣	٥٤٣٢ ٦٧	٩٨٧٦ ٤٥	٣٢١٠ ٨٩	١٢٣٤ ٥٦	٢٣٤٥ ٧٨
٥٤٣٢ ٦٧	٩٨٧٦ ٤٥	٣٢١٠ ٨٩	١٢٣٤ ٥٦	٢٣٤٥ ٧٨	٨٧٦٥ ١٢	٦٧٨٩ ٣٤	٤٥٦٧ ٢٣	٥٤٣٢ ٦٧	٩٨٧٦ ٤٥
٨٧٦٥ ١٢	٦٧٨٩ ٣٤	٤٥٦٧ ٢٣	٥٤٣٢ ٦٧	٩٨٧٦ ٤٥	٣٢١٠ ٨٩	١٢٣٤ ٥٦	٢٣٤٥ ٧٨	٨٧٦٥ ١٢	٦٧٨٩ ٣٤
نتيجة الدرجة : الأول
( ١٢٠٠ )
رقم الجلوس	رقم الجلوس	رقم الجلوس	رقم الجلوس	رقم الجلوس	رقم الجلوس	رقم الجلوس	رقم الجلوس	رقم الجلوس	رقم الجلوس
١٢٣٤ ٥٦	٢٣٤٥ ٧٨	٨٧٦٥ ١٢	٦٧٨٩ ٣٤	٤٥٦٧ ٢٣	٥٤٣٢ ٦٧	٩٨٧٦ ٤٥	٣٢١٠ ٨٩	١٢٣٤ ٥٦	٢٣٤٥ ٧٨
٥٤٣٢ ٦٧	٩٨٧٦ ٤٥	٣٢١٠ ٨٩	١٢٣٤ ٥٦	٢٣٤٥ ٧٨	٨٧٦٥ ١٢	٦٧٨٩ ٣٤	٤٥٦٧ ٢٣	٥٤٣٢ ٦٧	٩٨٧٦ ٤٥
٨٧٦٥ ١٢	٦٧٨٩ ٣٤	٤٥٦٧ ٢٣	٥٤٣٢ ٦٧	٩٨٧٦ ٤٥	٣٢١٠ ٨٩	١٢٣٤ ٥٦	٢٣٤٥ ٧٨	٨٧٦٥ ١٢	٦٧٨٩ ٣٤
٣٢١٠ ٨٩	١٢٣٤ ٥٦	٢٣٤٥ ٧٨	٨٧٦٥ ١٢	٦٧٨٩ ٣٤	٤٥٦٧ ٢٣	٥٤٣٢ ٦٧	٩٨٧٦ ٤٥	٣٢١٠ ٨٩	١٢٣٤ ٥٦
٤٥٦٧ ٢٣	٥٤٣٢ ٦٧	٩٨٧٦ ٤٥	٣٢١٠ ٨٩	١٢٣٤ ٥٦	٢٣٤٥ ٧٨	٨٧٦٥ ١٢	٦٧٨٩ ٣٤	٤٥٦٧ ٢٣	٥٤٣٢ ٦٧
٢٣٤٥ ٧٨	٨٧٦٥ ١٢	٦٧٨٩ ٣٤	٤٥٦٧ ٢٣	٥٤٣٢ ٦٧	٩٨٧٦ ٤٥	٣٢١٠ ٨٩	١٢٣٤ ٥٦	٢٣٤٥ ٧٨	٨٧٦٥ ١٢
٩٨٧٦ ٤٥	٣٢١٠ ٨٩	١٢٣٤ ٥٦	٢٣٤٥ ٧٨	٨٧٦٥ ١٢	٦٧٨٩ ٣٤	٤٥٦٧ ٢٣	٥٤٣٢ ٦٧	٩٨٧٦ ٤٥	٣٢١٠ ٨٩
٦٧٨٩ ٣٤	٤٥٦٧ ٢٣	٥٤٣٢ ٦٧	٩٨٧٦ ٤٥	٣٢١٠ ٨٩	١٢٣٤ ٥٦	٢٣٤٥ ٧٨	٨٧٦٥ ١٢	٦٧٨٩ ٣٤	٤٥٦٧ ٢٣
١٢٣٤ ٥٦	٢٣٤٥ ٧٨	٨٧٦٥ ١٢	٦٧٨٩ ٣٤	٤٥٦٧ ٢٣	٥٤٣٢ ٦٧	٩٨٧٦ ٤٥	٣٢١٠ ٨٩	١٢٣٤ ٥٦	٢٣٤٥ ٧٨
٥٤٣٢ ٦٧	٩٨٧٦ ٤٥	٣٢١٠ ٨٩	١٢٣٤ ٥٦	٢٣٤٥ ٧٨	٨٧٦٥ ١٢	٦٧٨٩ ٣٤	٤٥٦٧ ٢٣	٥٤٣٢ ٦٧	٩٨٧٦ ٤٥
٨٧٦٥ ١٢	٦٧٨٩ ٣٤	٤٥٦٧ ٢٣	٥٤٣٢ ٦٧	٩٨٧٦ ٤٥	٣٢١٠ ٨٩	١٢٣٤ ٥٦	٢٣٤٥ ٧٨	٨٧٦٥ ١٢	٦٧٨٩ ٣٤
٣٢١٠ ٨٩	١٢٣٤ ٥٦	٢٣٤٥ ٧٨	٨٧٦٥ ١٢	٦٧٨٩ ٣٤	٤٥٦٧ ٢٣	٥٤٣٢ ٦٧	٩٨٧٦ ٤٥	٣٢١٠ ٨٩	١٢٣٤ ٥٦
٤٥٦٧ ٢٣	٥٤٣٢ ٦٧	٩٨٧٦ ٤٥	٣٢١٠ ٨٩	١٢٣٤ ٥٦	٢٣٤٥ ٧٨	٨٧٦٥ ١٢	٦٧٨٩ ٣٤	٤٥٦٧ ٢٣	٥٤٣٢ ٦٧
٢٣٤٥ ٧٨	٨٧٦٥ ١٢	٦٧٨٩ ٣٤	٤٥٦٧ ٢٣	٥٤٣٢ ٦٧	٩٨٧٦ ٤٥	٣٢١٠ ٨٩	١٢٣٤ ٥٦	٢٣٤٥ ٧٨	٨٧٦٥ ١٢
٩٨٧٦ ٤٥	٣٢١٠ ٨٩	١٢٣٤ ٥٦	٢٣٤٥ ٧٨	٨٧٦٥ ١٢	٦٧٨٩ ٣٤	٤٥٦٧ ٢٣	٥٤٣٢ ٦٧	٩٨٧٦ ٤٥	٣٢١٠ ٨٩
٦٧٨٩ ٣٤	٤٥٦٧ ٢٣	٥٤٣٢ ٦٧	٩٨٧٦ ٤٥	٣٢١٠ ٨٩	١٢٣٤ ٥٦	٢٣٤٥ ٧٨	٨٧٦٥ ١٢	٦٧٨٩ ٣٤	٤٥٦٧ ٢٣
١٢٣٤ ٥٦	٢٣٤٥ ٧٨	٨٧٦٥ ١٢	٦٧٨٩ ٣٤	٤٥٦٧ ٢٣	٥٤٣٢ ٦٧	٩٨٧٦ ٤٥	٣٢١٠ ٨٩	١٢٣٤ ٥٦	٢٣٤٥ ٧٨
٥٤٣٢ ٦٧	٩٨٧٦ ٤٥	٣٢١٠ ٨٩	١٢٣٤ ٥٦	٢٣٤٥ ٧٨	٨٧٦٥ ١٢	٦٧٨٩ ٣٤	٤٥٦٧ ٢٣	٥٤٣٢ ٦٧	٩٨٧٦ ٤٥
٨٧٦٥ ١٢	٦٧٨٩ ٣٤	٤٥٦٧ ٢٣	٥٤٣٢ ٦٧	٩٨٧٦ ٤٥	٣٢١٠ ٨٩	١٢٣٤ ٥٦	٢٣٤٥ ٧٨	٨٧٦٥ ١٢	٦٧٨٩ ٣٤
٣٢١٠ ٨٩	١٢٣٤ ٥٦	٢٣٤٥ ٧٨	٨٧٦٥ ١٢	٦٧٨٩ ٣٤	٤٥٦٧ ٢٣	٥٤٣٢ ٦٧	٩٨٧٦ ٤٥	٣٢١٠ ٨٩	١٢٣٤ ٥٦
٤٥٦٧ ٢٣	٥٤٣٢ ٦٧	٩٨٧٦ ٤٥	٣٢١٠ ٨٩	١٢٣٤ ٥٦	٢٣٤٥ ٧٨	٨٧٦٥ ١٢	٦٧٨٩ ٣٤	٤٥٦٧ ٢٣	٥٤٣٢ ٦٧
٢٣٤٥ ٧٨	٨٧٦٥ ١٢	٦٧٨٩ ٣٤	٤٥٦٧ ٢٣	٥٤٣٢ ٦٧	٩٨٧٦ ٤٥	٣٢١٠ ٨٩	١٢٣٤ ٥٦	٢٣٤٥ ٧٨	٨٧٦٥ ١٢
٩٨٧٦ ٤٥	٣٢١٠ ٨٩	١٢٣٤ ٥٦	٢٣٤٥ ٧٨	٨٧٦٥ ١٢	٦٧٨٩ ٣٤	٤٥٦٧ ٢٣	٥٤٣٢ ٦٧	٩٨٧٦ ٤٥	٣٢١٠ ٨٩
٦٧٨٩ ٣٤	٤٥٦٧ ٢٣	٥٤٣٢ ٦٧	٩٨٧٦ ٤٥	٣٢١٠ ٨٩	١٢٣٤ ٥٦	٢٣٤٥ ٧٨	٨٧٦٥ ١٢	٦٧٨٩ ٣٤	٤٥٦٧ ٢٣
١٢٣٤ ٥٦	٢٣٤٥ ٧٨	٨٧٦٥ ١٢	٦٧٨٩ ٣٤	٤٥٦٧ ٢٣	٥٤٣٢ ٦٧	٩٨٧٦ ٤٥	٣٢١٠ ٨٩	١٢٣٤ ٥٦	٢٣٤٥ ٧٨
٥٤٣٢ ٦٧	٩٨٧٦ ٤٥	٣٢١٠ ٨٩	١٢٣٤ ٥٦	٢٣٤٥ ٧٨	٨٧٦٥ ١٢	٦٧٨٩ ٣٤	٤٥٦٧ ٢٣	٥٤٣٢ ٦٧	٩٨٧٦ ٤٥
٨٧٦٥ ١٢	٦٧٨٩ ٣٤	٤٥٦٧ ٢٣	٥٤٣٢ ٦٧	٩٨٧٦ ٤٥	٣٢١٠ ٨٩	١٢٣٤ ٥٦	٢٣٤٥ ٧٨	٨٧٦٥ ١٢	٦٧٨٩ ٣٤
٣٢١٠ ٨٩	١٢٣٤ ٥٦	٢٣٤٥ ٧٨	٨٧٦٥ ١٢	٦٧٨٩ ٣٤	٤٥٦٧ ٢٣	٥٤٣٢ ٦٧	٩٨٧٦ ٤٥	٣٢١٠ ٨٩	١٢٣٤ ٥٦
٤٥٦٧ ٢٣	٥٤٣٢ ٦٧	٩٨٧٦ ٤٥	٣٢١٠ ٨٩	١٢٣٤ ٥٦	٢٣٤٥ ٧٨	٨٧٦٥ ١٢	٦٧٨٩ ٣٤	٤٥٦٧ ٢٣	٥٤٣٢ ٦٧
٢٣٤٥ ٧٨	٨٧٦٥ ١٢	٦٧٨٩ ٣٤	٤٥٦٧ ٢٣	٥٤٣٢ ٦٧	٩٨٧٦ ٤٥	٣٢١٠ ٨٩	١٢٣٤ ٥٦	٢٣٤٥ ٧٨	٨٧٦٥ ١٢
٩٨٧٦ ٤٥	٣٢١٠ ٨٩	١٢٣٤ ٥٦	٢٣٤٥ ٧٨	٨٧٦٥ ١٢	٦٧٨٩ ٣٤	٤٥٦٧ ٢٣	٥٤٣٢ ٦٧	٩٨٧٦ ٤٥	٣٢١٠ ٨٩
٦٧٨٩ ٣٤	٤٥٦٧ ٢٣	٥٤٣٢ ٦٧	٩٨٧٦ ٤٥	٣٢١٠ ٨٩	١٢٣٤ ٥٦	٢٣٤٥ ٧٨	٨٧٦٥ ١٢	٦٧٨٩ ٣٤	٤٥٦٧ ٢٣
١٢٣٤ ٥٦	٢٣٤٥ ٧٨	٨٧٦٥ ١٢	٦٧٨٩ ٣٤	٤٥٦٧ ٢٣	٥٤٣٢ ٦٧	٩٨٧٦ ٤٥	٣٢١٠ ٨٩	١٢٣٤ ٥٦	٢٣٤٥ ٧٨
٥٤٣٢ ٦٧	٩٨٧٦ ٤٥	٣٢١٠ ٨٩	١٢٣٤ ٥٦	٢٣٤٥ ٧٨	٨٧٦٥ ١٢	٦٧٨٩ ٣٤	٤٥٦٧ ٢٣	٥٤٣٢ ٦٧	٩٨٧٦ ٤٥
٨٧٦٥ ١٢	٦٧٨٩ ٣٤	٤٥٦٧ ٢٣	٥٤٣٢ ٦٧	٩٨٧٦ ٤٥	٣٢١٠ ٨٩	١٢٣٤ ٥٦	٢٣٤٥ ٧٨	٨٧٦٥ ١٢	٦٧٨٩ ٣٤
٣٢١٠ ٨٩	١٢٣٤ ٥٦	٢٣٤٥ ٧٨	٨٧٦٥ ١٢	٦٧٨٩ ٣٤	٤٥٦٧ ٢٣	٥٤٣٢ ٦٧	٩٨٧٦ ٤٥	٣٢١٠ ٨٩	١٢٣٤ ٥٦
٤٥٦٧ ٢٣	٥٤٣٢ ٦٧	٩٨٧٦ ٤٥	٣٢١٠ ٨٩	١٢٣٤ ٥٦	٢٣٤٥ ٧٨	٨٧٦٥ ١٢	٦٧٨٩ ٣٤	٤٥٦٧ ٢٣	٥٤٣٢ ٦٧
٢٣٤٥ ٧٨	٨٧٦٥ ١٢	٦٧٨٩ ٣٤	٤٥٦٧ ٢٣	٥٤٣٢ ٦٧	٩٨٧٦ ٤٥	٣٢١٠ ٨٩	١٢٣٤ ٥٦	٢٣٤٥ ٧٨	٨٧٦٥ ١٢
نتيجة الدرجة : الثاني
( ١٢٠٠ )
رقم الجلوس	رقم الجلوس	رقم الجلوس	رقم الجلوس	رقم الجلوس	رقم الجلوس	رقم الجلوس	رقم الجلوس	رقم الجلوس	رقم الجلوس
٣٢١٠ ٨٩	١٢٣٤ ٥٦	٢٣٤٥ ٧٨	٨٧٦٥ ١٢	٦٧٨٩ ٣٤	٤٥٦٧ ٢٣	٥٤٣٢ ٦٧	٩٨٧٦ ٤٥	٣٢١٠ ٨٩	١٢٣٤ ٥٦
٤٥٦٧ ٢٣	٥٤٣٢ ٦٧	٩٨٧٦ ٤٥	٣٢١٠ ٨٩	١٢٣٤ ٥٦	٢٣٤٥ ٧٨	٨٧٦٥ ١٢	٦٧٨٩ ٣٤	٤٥٦٧ ٢٣	٥٤٣٢ ٦٧
٢٣٤٥ ٧٨	٨٧٦٥ ١٢	٦٧٨٩ ٣٤	٤٥٦٧ ٢٣	٥٤٣٢ ٦٧	٩٨٧٦ ٤٥	٣٢١٠ ٨٩	١٢٣٤ ٥٦	٢٣٤٥ ٧٨	٨٧٦٥ ١٢
٩٨٧٦ ٤٥	٣٢١٠ ٨٩	١٢٣٤ ٥٦	٢٣٤٥ ٧٨	٨٧٦٥ ١٢	٦٧٨٩ ٣٤	٤٥٦٧ ٢٣	٥٤٣٢ ٦٧	٩٨٧٦ ٤٥	٣٢١٠ ٨٩
٦٧٨٩ ٣٤	٤٥٦٧ ٢٣	٥٤٣٢ ٦٧	٩٨٧٦ ٤٥	٣٢١٠ ٨٩	١٢٣٤ ٥٦	٢٣٤٥ ٧٨	٨٧٦٥ ١٢	٦٧٨٩ ٣٤	٤٥٦٧ ٢٣
١٢٣٤ ٥٦	٢٣٤٥ ٧٨	٨٧٦٥ ١٢	٦٧٨٩ ٣٤	٤٥٦٧ ٢٣	٥٤٣٢ ٦٧	٩٨٧٦ ٤٥	٣٢١٠ ٨٩	١٢٣٤ ٥٦	٢٣٤٥ ٧٨
٥٤٣٢ ٦٧	٩٨٧٦ ٤٥	٣٢١٠ ٨٩	١٢٣٤ ٥٦	٢٣٤٥ ٧٨	٨٧٦٥ ١٢	٦٧٨٩ ٣٤	٤٥٦٧ ٢٣	٥٤٣٢ ٦٧	٩٨٧٦ ٤٥
٨٧٦٥ ١٢	٦٧٨٩ ٣٤	٤٥٦٧ ٢٣	٥٤٣٢ ٦٧	٩٨٧٦ ٤٥	٣٢١٠ ٨٩	١٢٣٤ ٥٦	٢٣٤٥ ٧٨	٨٧٦٥ ١٢	٦٧٨٩ ٣٤
٣٢١٠ ٨٩	١٢٣٤ ٥٦	٢٣٤٥ ٧٨	٨٧٦٥ ١٢	٦٧٨٩ ٣٤	٤٥٦٧ ٢٣	٥٤٣٢ ٦٧	٩٨٧٦ ٤٥	٣٢١٠ ٨٩	١٢٣٤ ٥٦
٤٥٦٧ ٢٣	٥٤٣٢ ٦٧	٩٨٧٦ ٤٥	٣٢١٠ ٨٩	١٢٣٤ ٥٦	٢٣٤٥ ٧٨	٨٧٦٥ ١٢	٦٧٨٩ ٣٤	٤٥٦٧ ٢٣	٥٤٣٢ ٦٧
٢٣٤٥ ٧٨	٨٧٦٥ ١٢	٦٧٨٩ ٣٤	٤٥٦٧ ٢٣	٥٤٣٢ ٦٧	٩٨٧٦ ٤٥	٣٢١٠ ٨٩	١٢٣٤ ٥٦	٢٣٤٥ ٧٨	٨٧٦٥ ١٢
٩٨٧٦ ٤٥	٣٢١٠ ٨٩	١٢٣٤ ٥٦	٢٣٤٥ ٧٨	٨٧٦٥ ١٢	٦٧٨٩ ٣٤	٤٥٦٧ ٢٣	٥٤٣٢ ٦٧	٩٨٧٦ ٤٥	٣٢١٠ ٨٩
٦٧٨٩ ٣٤	٤٥٦٧ ٢٣	٥٤٣٢ ٦٧	٩٨٧٦ ٤٥	٣٢١٠ ٨٩	١٢٣٤ ٥٦	٢٣٤٥ ٧٨	٨٧٦٥ ١٢	٦٧٨٩ ٣٤	٤٥٦٧ ٢٣
١٢٣٤ ٥٦	٢٣٤٥ ٧٨	٨٧٦٥ ١٢	٦٧٨٩ ٣٤	٤٥٦٧ ٢٣	٥٤٣٢ ٦٧	٩٨٧٦ ٤٥	٣٢١٠ ٨٩	١٢٣٤ ٥٦	٢٣٤٥ ٧٨
٥٤٣٢ ٦٧	٩٨٧٦ ٤٥	٣٢١٠ ٨٩	١٢٣٤ ٥٦	٢٣٤٥ ٧٨	٨٧٦٥ ١٢	٦٧٨٩ ٣٤	٤٥٦٧ ٢٣	٥٤٣٢ ٦٧	٩٨٧٦ ٤٥
٨٧٦٥ ١٢	٦٧٨٩ ٣٤	٤٥٦٧ ٢٣	٥٤٣٢ ٦٧	٩٨٧٦ ٤٥	٣٢١٠ ٨٩	١٢٣٤ ٥٦	٢٣٤٥ ٧٨	٨٧٦٥ ١٢	٦٧٨٩ ٣٤
٣٢١٠ ٨٩	١٢٣٤ ٥٦	٢٣٤٥ ٧٨	٨٧٦٥ ١٢	٦٧٨٩ ٣٤	٤٥٦٧ ٢٣	٥٤٣٢ ٦٧	٩٨٧٦ ٤٥	٣٢١٠ ٨٩	١٢٣٤ ٥٦
٤٥٦٧ ٢٣	٥٤٣٢ ٦٧	٩٨٧٦ ٤٥	٣٢١٠ ٨٩	١٢٣٤ ٥٦	٢٣٤٥ ٧٨	٨٧٦٥ ١٢	٦٧٨٩ ٣٤	٤٥٦٧ ٢٣	٥٤٣٢ ٦٧
٢٣٤٥ ٧٨	٨٧٦٥ ١٢	٦٧٨٩ ٣٤	٤٥٦٧ ٢٣	٥٤٣٢ ٦٧	٩٨٧٦ ٤٥	٣٢١٠ ٨٩	١٢٣٤ ٥٦	٢٣٤٥ ٧٨	٨٧٦٥ ١٢
٩٨٧٦ ٤٥	٣٢١٠ ٨٩	١٢٣٤ ٥٦	٢٣٤٥ ٧٨	٨٧٦٥ ١٢	٦٧٨٩ ٣٤	٤٥٦٧ ٢٣	٥٤٣٢ ٦٧	٩٨٧٦ ٤٥	٣٢١٠ ٨٩
٦٧٨٩ ٣٤	٤٥٦٧ ٢٣	٥٤٣٢ ٦٧	٩٨٧٦ ٤٥	٣٢١٠ ٨٩	١٢٣٤ ٥٦	٢٣٤٥ ٧٨	٨٧٦٥ ١٢	٦٧٨٩ ٣٤	٤٥٦٧ ٢٣
١٢٣٤ ٥٦	٢٣٤٥ ٧٨	٨٧٦٥ ١٢	٦٧٨٩ ٣٤	٤٥٦٧ ٢٣	٥٤٣٢ ٦٧	٩٨٧٦ ٤٥	٣٢١٠ ٨٩	١٢٣٤ ٥٦	٢٣٤٥ ٧٨
٥٤٣٢ ٦٧	٩٨٧٦ ٤٥	٣٢١٠ ٨٩	١٢٣٤ ٥٦	٢٣٤٥ ٧٨	٨٧٦٥ ١٢	٦٧٨٩ ٣٤	٤٥٦٧ ٢٣	٥٤٣٢ ٦٧	٩٨٧٦ ٤٥
٨٧٦٥ ١٢	٦٧٨٩ ٣٤	٤٥٦٧ ٢٣	٥٤٣٢ ٦٧	٩٨٧٦ ٤٥	٣٢١٠ ٨٩	١٢٣٤ ٥٦	٢٣٤٥ ٧٨	٨٧٦٥ ١٢	٦٧٨٩ ٣٤
٣٢١٠ ٨٩	١٢٣٤ ٥٦	٢٣٤٥ ٧٨	٨٧٦٥ ١٢	٦٧٨٩ ٣٤	٤٥٦٧ ٢٣	٥٤٣٢ ٦٧	٩٨٧٦ ٤٥	٣٢١٠ ٨٩	١٢٣٤ ٥٦
٤٥٦٧ ٢٣	٥٤٣٢ ٦٧	٩٨٧٦ ٤٥	٣٢١٠ ٨٩	١٢٣٤ ٥٦	٢٣٤٥ ٧٨	٨٧٦٥ ١٢	٦٧٨٩ ٣٤	٤٥٦٧ ٢٣	٥٤٣٢ ٦٧
٢٣٤٥ ٧٨	٨٧٦٥ ١٢	٦٧٨٩ ٣٤	٤٥٦٧ ٢٣	٥٤٣٢ ٦٧	٩٨٧٦ ٤٥	٣٢١٠ ٨٩	١٢٣٤ ٥٦	٢٣٤٥ ٧٨	٨٧٦٥ ١٢
٩٨٧٦ ٤٥	٣٢١٠ ٨٩	١٢٣٤ ٥٦	٢٣٤٥ ٧٨	٨٧٦٥ ١٢	٦٧٨٩ ٣٤	٤٥٦٧ ٢٣	٥٤٣٢ ٦٧	٩٨٧٦ ٤٥	٣٢١٠ ٨٩
٦٧٨٩ ٣٤	٤٥٦٧ ٢٣	٥٤٣٢ ٦٧	٩٨٧٦ ٤٥	٣٢١٠ ٨٩	١٢٣٤ ٥٦	٢٣٤٥ ٧٨	٨٧٦٥ ١٢	٦٧٨٩ ٣٤	٤٥٦٧ ٢٣
١٢٣٤ ٥٦	٢٣٤٥ ٧٨	٨٧٦٥ ١٢	٦٧٨٩ ٣٤	٤٥٦٧ ٢٣	٥٤٣٢ ٦٧	٩٨٧٦ ٤٥	٣٢١٠ ٨٩	١٢٣٤ ٥٦	٢٣٤٥ ٧٨
٥٤٣٢ ٦٧	٩٨٧٦ ٤٥	٣٢١٠ ٨٩	١٢٣٤ ٥٦	٢٣٤٥ ٧٨	٨٧٦٥ ١٢	٦٧٨٩ ٣٤	٤٥٦٧ ٢٣	٥٤٣٢ ٦٧	٩٨٧٦ ٤٥
٨٧٦٥ ١٢	٦٧٨٩ ٣٤	٤٥٦٧ ٢٣	٥٤٣٢ ٦٧	٩٨٧٦ ٤٥	٣٢١٠ ٨٩	١٢٣٤ ٥٦	٢٣٤٥ ٧٨	٨٧٦٥ ١٢	٦٧٨٩ ٣٤
٣٢١٠ ٨٩	١٢٣٤ ٥٦	٢٣٤٥ ٧٨	٨٧٦٥ ١٢	٦٧٨٩ ٣٤	٤٥٦٧ ٢٣	٥٤٣٢ ٦٧	٩٨٧٦ ٤٥	٣٢١٠ ٨٩	١٢٣٤ ٥٦
٤٥٦٧ ٢٣	٥٤٣٢ ٦٧	٩٨٧٦ ٤٥	٣٢١٠ ٨٩	١٢٣٤ ٥٦	٢٣٤٥ ٧٨	٨٧٦٥ ١٢	٦٧٨٩ ٣٤	٤٥٦٧ ٢٣	٥٤٣٢ ٦٧
٢٣٤٥ ٧٨	٨٧٦٥ ١٢	٦٧٨٩ ٣٤	٤٥٦٧ ٢٣	٥٤٣٢ ٦٧	٩٨٧٦ ٤٥	٣٢١٠ ٨٩	١٢٣٤ ٥٦	٢٣٤٥ ٧٨	٨٧٦٥ ١٢
٩٨٧٦ ٤٥	٣٢١٠ ٨٩	١٢٣٤ ٥٦	٢٣٤٥ ٧٨	٨٧٦٥ ١٢	٦٧٨٩ ٣٤	٤٥٦٧ ٢٣	٥٤٣٢ ٦٧	٩٨٧٦ ٤٥	٣٢١٠ ٨٩
٦٧٨٩ ٣٤	٤٥٦٧ ٢٣	٥٤٣٢ ٦٧	٩٨٧٦ ٤٥	٣٢١٠ ٨٩	١٢٣٤ ٥٦	٢٣٤٥ ٧٨	٨٧٦٥ ١٢	٦٧٨٩ ٣٤	٤٥٦٧ ٢٣
١٢٣٤ ٥٦	٢٣٤٥ ٧٨	٨٧٦٥ ١٢	٦٧٨٩ ٣٤	٤٥٦٧ ٢٣	٥٤٣٢ ٦٧	٩٨٧٦ ٤٥	٣٢١٠ ٨٩	١٢٣٤ ٥٦	٢٣٤٥ ٧٨
نتيجة الدرجة : الثالث
( ١٥٠٠ )
رقم الجلوس	رقم الجلوس	رقم الجلوس	رقم الجلوس	رقم الجلوس	رقم الجلوس	رقم الجلوس	رقم الجلوس	رقم الجلوس	رقم الجلوس
٩٨٧٦ ٤٥	٣٢١٠ ٨٩	١٢٣٤ ٥٦	٢٣٤٥ ٧٨	٨٧٦٥ ١٢	٦٧٨٩ ٣٤	٤٥٦٧ ٢٣	٥٤٣٢ ٦٧	٩٨٧٦ ٤٥	٣٢١٠ ٨٩
٦٧٨٩ ٣٤	٤٥٦٧ ٢٣	٥٤٣٢ ٦٧	٩٨٧٦ ٤٥	٣٢١٠ ٨٩	١٢٣٤ ٥٦	٢٣٤٥ ٧٨	٨٧٦٥ ١٢	٦٧٨٩ ٣٤	٤٥٦٧ ٢٣
١٢٣٤ ٥٦	٢٣٤٥ ٧٨	٨٧٦٥ ١٢	٦٧٨٩ ٣٤	٤٥٦٧ ٢٣	٥٤٣٢ ٦٧	٩٨٧٦ ٤٥	٣٢١٠ ٨٩	١٢٣٤ ٥٦	٢٣٤٥ ٧٨
٥٤٣٢ ٦٧	٩٨٧٦ ٤٥	٣٢١٠ ٨٩	١٢٣٤ ٥٦	٢٣٤٥ ٧٨	٨٧٦٥ ١٢	٦٧٨٩ ٣٤	٤٥٦٧ ٢٣	٥٤٣٢ ٦٧	٩٨٧٦ ٤٥
٨٧٦٥ ١٢	٦٧٨٩ ٣٤	٤٥٦٧ ٢٣	٥٤٣٢ ٦٧	٩٨٧٦ ٤٥	٣٢١٠ ٨٩	١٢٣٤ ٥٦	٢٣٤٥ ٧٨	٨٧٦٥ ١٢	٦٧٨٩ ٣٤
٣٢١٠ ٨٩	١٢٣٤ ٥٦	٢٣٤٥ ٧٨	٨٧٦٥ ١٢	٦٧٨٩ ٣٤	٤٥٦٧ ٢٣	٥٤٣٢ ٦٧	٩٨٧٦ ٤٥	٣٢١٠ ٨٩	١٢٣٤ ٥٦
٤٥٦٧ ٢٣	٥٤٣٢ ٦٧	٩٨٧٦ ٤٥	٣٢١٠ ٨٩	١٢٣٤ ٥٦	٢٣٤٥ ٧٨	٨٧٦٥ ١٢	٦٧٨٩ ٣٤	٤٥٦٧ ٢٣	٥٤٣٢ ٦٧
٢٣٤٥ ٧٨	٨٧٦٥ ١٢	٦٧٨٩ ٣٤	٤٥٦٧ ٢٣	٥٤٣٢ ٦٧	٩٨٧٦ ٤٥	٣٢١٠ ٨٩	١٢٣٤ ٥٦	٢٣٤٥ ٧٨	٨٧٦٥ ١٢
٩٨٧٦ ٤٥	٣٢١٠ ٨٩	١٢٣٤ ٥٦	٢٣٤٥ ٧٨	٨٧٦٥ ١٢	٦٧٨٩ ٣٤	٤٥٦٧ ٢٣	٥٤٣٢ ٦٧	٩٨٧٦ ٤٥	٣٢١٠ ٨٩
٦٧٨٩ ٣٤	٤٥٦٧ ٢٣	٥٤٣٢ ٦٧	٩٨٧٦ ٤٥	٣٢١٠ ٨٩	١٢٣٤ ٥٦	٢٣٤٥ ٧٨	٨٧٦٥ ١٢	٦٧٨٩ ٣٤	٤٥٦٧ ٢٣
١٢٣٤ ٥٦	٢٣٤٥ ٧٨	٨٧٦٥ ١٢	٦٧٨٩ ٣٤	٤٥٦٧ ٢٣	٥٤٣٢ ٦٧	٩٨٧٦ ٤٥	٣٢١٠ ٨٩	١٢٣٤ ٥٦	٢٣٤٥ ٧٨
٥٤٣٢ ٦٧	٩٨٧٦ ٤٥	٣٢١٠ ٨٩	١٢٣٤ ٥٦	٢٣٤٥ ٧٨	٨٧٦٥ ١٢	٦٧٨٩ ٣٤	٤٥٦٧ ٢٣	٥٤٣٢ ٦٧	٩٨٧٦ ٤٥
٨٧٦٥ ١٢	٦٧٨٩ ٣٤	٤٥٦٧ ٢٣	٥٤٣٢ ٦٧	٩٨٧٦ ٤٥	٣٢١٠ ٨٩	١٢٣٤ ٥٦	٢٣٤٥ ٧٨	٨٧٦٥ ١٢	٦٧٨٩ ٣٤
٣٢١٠ ٨٩	١٢٣٤ ٥٦	٢٣٤٥ ٧٨	٨٧٦٥ ١٢	٦٧٨٩ ٣٤	٤٥٦٧ ٢٣	٥٤٣٢ ٦٧	٩٨٧٦ ٤٥	٣٢١٠ ٨٩	١٢٣٤ ٥٦
٤٥٦٧ ٢٣	٥٤٣٢ ٦٧	٩٨٧٦ ٤٥	٣٢١٠ ٨٩	١٢٣٤ ٥٦	٢٣٤٥ ٧٨	٨٧٦٥ ١٢	٦٧٨٩ ٣٤	٤٥٦٧ ٢٣	٥٤٣٢ ٦٧
٢٣٤٥ ٧٨	٨٧٦٥ ١٢	٦٧٨٩ ٣٤	٤٥٦٧ ٢٣	٥٤٣٢ ٦٧	٩٨٧٦ ٤٥	٣٢١٠ ٨٩	١٢٣٤ ٥٦	٢٣٤٥ ٧٨	٨٧٦٥ ١٢
٩٨٧٦ ٤٥	٣٢١٠ ٨٩	١٢٣٤ ٥٦	٢٣٤٥ ٧٨	٨٧٦٥ ١٢	٦٧٨٩ ٣٤	٤٥٦٧ ٢٣	٥٤٣٢ ٦٧	٩٨٧٦ ٤٥	٣٢١٠ ٨٩
٦٧٨٩ ٣٤	٤٥٦٧ ٢٣	٥٤٣٢ ٦٧	٩٨٧٦ ٤٥	٣٢١٠ ٨٩	١٢٣٤ ٥٦	٢٣٤٥ ٧٨	٨٧٦٥ ١٢	٦٧٨٩ ٣٤	٤٥٦٧ ٢٣
١٢٣٤ ٥٦	٢٣٤٥ ٧٨	٨٧٦٥ ١٢	٦٧٨٩ ٣٤	٤٥٦٧ ٢٣	٥٤٣٢ ٦٧	٩٨٧٦ ٤٥	٣٢١٠ ٨٩	١٢٣٤ ٥٦	٢٣٤٥ ٧٨
٥٤٣٢ ٦٧	٩٨٧٦ ٤٥	٣٢١٠ ٨٩	١٢٣٤ ٥٦	٢٣٤٥ ٧٨	٨٧٦٥ ١٢	٦٧٨٩ ٣٤	٤٥٦٧ ٢٣	٥٤٣٢ ٦٧	٩٨٧٦ ٤٥
٨٧٦٥ ١٢	٦٧٨٩ ٣٤	٤٥٦٧ ٢٣	٥٤٣٢ ٦٧	٩٨٧٦ ٤٥	٣٢١٠ ٨٩	١٢٣٤ ٥٦	٢٣٤٥ ٧٨	٨٧٦٥ ١٢	٦٧٨٩ ٣٤
٣٢١٠ ٨٩	١٢٣٤ ٥٦	٢٣٤٥ ٧٨	٨٧٦٥ ١٢	٦٧٨٩ ٣٤	٤٥٦٧ ٢٣	٥٤٣٢ ٦٧	٩٨٧٦ ٤٥	٣٢١٠ ٨٩	١٢٣٤ ٥٦
٤٥٦٧ ٢٣	٥٤٣٢ ٦٧	٩٨٧٦ ٤٥	٣٢١٠ ٨٩	١٢٣٤ ٥٦	٢٣٤٥ ٧٨	٨٧٦٥ ١٢	٦٧٨٩ ٣٤	٤٥٦٧ ٢٣	٥٤٣٢ ٦٧
٢٣٤٥ ٧٨	٨٧٦٥ ١٢	٦٧٨٩ ٣٤	٤٥٦٧ ٢٣	٥٤٣٢ ٦٧	٩٨٧٦ ٤٥	٣٢١٠ ٨٩	١٢٣٤ ٥٦	٢٣٤٥ ٧٨	٨٧٦٥ ١٢
٩٨٧٦ ٤٥	٣٢١٠ ٨٩	١٢٣٤ ٥٦	٢٣٤٥ ٧٨	٨٧٦٥ ١٢	٦٧٨٩ ٣٤	٤٥٦٧ ٢٣	٥٤٣٢ ٦٧	٩٨٧٦ ٤٥	٣٢١٠ ٨٩
٦٧٨٩ ٣٤	٤٥٦٧ ٢٣	٥٤٣٢ ٦٧	٩٨٧٦ ٤٥	٣٢١٠ ٨٩	١٢٣٤ ٥٦	٢٣٤٥ ٧٨	٨٧٦٥ ١٢	٦٧٨٩ ٣٤	٤٥٦٧ ٢٣
١٢٣٤ ٥٦	٢٣٤٥ ٧٨	٨٧٦٥ ١٢	٦٧٨٩ ٣٤	٤٥٦٧ ٢٣	٥٤٣٢ ٦٧	٩٨٧٦ ٤٥	٣٢١٠ ٨٩	١٢٣٤ ٥٦	٢٣٤٥ ٧٨
٥٤٣٢ ٦٧	٩٨٧٦ ٤٥	٣٢١٠ ٨٩	١٢٣٤ ٥٦	٢٣٤٥ ٧٨	٨٧٦٥ ١٢	٦٧٨٩ ٣٤	٤٥٦٧ ٢٣	٥٤٣٢ ٦٧	٩٨٧٦ ٤٥
٨٧٦٥ ١٢	٦٧٨٩ ٣٤	٤٥٦٧ ٢٣	٥٤٣٢ ٦٧	٩٨٧٦ ٤٥	٣٢١٠ ٨٩	١٢٣٤ ٥٦	٢٣٤٥ ٧٨	٨٧٦٥ ١٢	٦٧٨٩ ٣٤
٣٢١٠ ٨٩	١٢٣٤ ٥٦	٢٣٤٥ ٧٨	٨٧٦٥ ١٢	٦٧٨٩ ٣٤	٤٥٦٧ ٢٣	٥٤٣٢ ٦٧	٩٨٧٦ ٤٥	٣٢١٠ ٨٩	١٢٣٤ ٥٦
٤٥٦٧ ٢٣	٥٤٣٢ ٦٧	٩٨٧٦ ٤٥	٣٢١٠ ٨٩	١٢٣٤ ٥٦	٢٣٤٥ ٧٨	٨٧٦٥ ١٢	٦٧٨٩ ٣٤	٤٥٦٧ ٢٣	٥٤٣٢ ٦٧
٢٣٤٥ ٧٨	٨٧٦٥ ١٢	٦٧٨٩ ٣٤	٤٥٦٧ ٢٣	٥٤٣٢ ٦٧	٩٨٧٦ ٤٥	٣٢١٠ ٨٩	١٢٣٤ ٥٦	٢٣٤٥ ٧٨	٨٧٦٥ ١٢
٩٨٧٦ ٤٥	٣٢١٠ ٨٩	١٢٣٤ ٥٦	٢٣٤٥ ٧٨	٨٧٦٥ ١٢	٦٧٨٩ ٣٤	٤٥٦٧ ٢٣	٥٤٣٢ ٦٧	٩٨٧٦ ٤٥	٣٢١٠ ٨٩
٦٧٨٩ ٣٤	٤٥٦٧ ٢٣	٥٤٣٢ ٦٧	٩٨٧٦ ٤٥	٣٢١٠ ٨٩	١٢٣٤ ٥٦	٢٣٤٥ ٧٨	٨٧٦٥ ١٢	٦٧٨٩ ٣٤	٤٥٦٧ ٢٣
١٢٣٤ ٥٦	٢٣٤٥ ٧٨	٨٧٦٥ ١٢	٦٧٨٩ ٣٤	٤٥٦٧ ٢٣	٥٤٣٢ ٦٧	٩٨٧٦ ٤٥	٣٢١٠ ٨٩	١٢٣٤ ٥٦	٢٣٤٥ ٧٨
٥٤٣٢ ٦٧	٩٨٧٦ ٤٥	٣٢١٠ ٨٩	١٢٣٤ ٥٦	٢٣٤٥ ٧٨	٨٧٦٥ ١٢	٦٧٨٩ ٣٤	٤٥٦٧ ٢٣	٥٤٣٢ ٦٧	٩٨٧٦ ٤٥
٨٧٦٥ ١٢	٦٧٨٩ ٣٤	٤٥٦٧ ٢٣	٥٤٣٢ ٦٧	٩٨٧٦ ٤٥	٣٢١٠ ٨٩	١٢٣٤ ٥٦	٢٣٤٥ ٧٨	٨٧٦٥ ١٢	٦٧٨٩ ٣٤
٣٢١٠ ٨٩	١٢٣٤ ٥٦	٢٣٤٥ ٧٨	٨٧٦٥ ١٢	٦٧٨٩ ٣٤	٤٥٦٧ ٢٣	٥٤٣٢ ٦٧	٩٨٧٦ ٤٥	٣٢١٠ ٨٩	١٢٣٤ ٥٦
نتيجة الدرجة : الرابعة
( ١٢٠٠ )
رقم الجلوس	رقم الجلوس	رقم الجلوس	رقم الجلوس	رقم الجلوس	رقم الجلوس	رقم الجلوس	رقم الجلوس	رقم الجلوس	رقم الجلوس
٥٤٣٢ ٦٧	٩٨٧٦ ٤٥	٣٢١٠ ٨٩	١٢٣٤ ٥٦	٢٣٤٥ ٧٨	٨٧٦٥ ١٢	٦٧٨٩ ٣٤	٤٥٦٧ ٢٣	٥٤٣٢ ٦٧	٩٨٧٦ ٤٥
٨٧٦٥ ١٢	٦٧٨٩ ٣٤	٤٥٦٧ ٢٣	٥٤٣٢ ٦٧	٩٨٧٦ ٤٥	٣٢١٠ ٨٩	١٢٣٤ ٥٦	٢٣٤٥ ٧٨	٨٧٦٥ ١٢	٦٧٨٩ ٣٤
٣٢١٠ ٨٩	١٢٣٤ ٥٦	٢٣٤٥ ٧٨	٨٧٦٥ ١٢	٦٧٨٩ ٣٤	٤٥٦٧ ٢٣	٥٤٣٢ ٦٧	٩٨٧٦ ٤٥	٣٢١٠ ٨٩	١٢٣٤ ٥٦
٤٥٦٧ ٢٣	٥٤٣٢ ٦٧	٩٨٧٦ ٤٥	٣٢١٠ ٨٩	١٢٣٤ ٥٦	٢٣٤٥ ٧٨	٨٧٦٥ ١٢	٦٧٨٩ ٣٤	٤٥٦٧ ٢٣	٥٤٣٢ ٦٧
٢٣٤٥ ٧٨	٨٧٦٥ ١٢	٦٧٨٩ ٣٤	٤٥٦٧ ٢٣	٥٤٣٢ ٦٧	٩٨٧٦ ٤٥	٣٢١٠ ٨٩	١٢٣٤ ٥٦	٢٣٤٥ ٧٨	٨٧٦٥ ١٢
٩٨٧٦ ٤٥	٣٢١٠ ٨٩	١٢٣٤ ٥٦	٢٣٤٥ ٧٨	٨٧٦٥ ١٢	٦٧٨٩ ٣٤	٤٥٦٧ ٢٣	٥٤٣٢ ٦٧	٩٨٧٦ ٤٥	٣٢١٠ ٨٩
٦٧٨٩ ٣٤	٤٥٦٧ ٢٣	٥٤٣٢ ٦٧	٩٨٧٦ ٤٥	٣٢١٠ ٨٩	١٢٣٤ ٥٦	٢٣٤٥ ٧٨	٨٧٦٥ ١٢	٦٧٨٩ ٣٤	٤٥٦٧ ٢٣
١٢٣٤ ٥٦	٢٣٤٥ ٧٨	٨٧٦٥ ١٢	٦٧٨٩ ٣٤	٤٥٦٧ ٢٣	٥٤٣٢ ٦٧	٩٨٧٦ ٤٥	٣٢١٠ ٨٩	١٢٣٤ ٥٦	٢٣٤٥ ٧٨
٥٤٣٢ ٦٧	٩٨٧٦ ٤٥	٣٢١٠ ٨٩	١٢٣٤ ٥٦	٢٣٤٥ ٧٨	٨٧٦٥ ١٢	٦٧٨٩ ٣٤	٤٥٦٧ ٢٣	٥٤٣٢ ٦٧	٩٨٧٦ ٤٥
٨٧٦٥ ١٢	٦٧٨٩ ٣٤	٤٥٦٧ ٢٣	٥٤٣٢ ٦٧	٩٨٧٦ ٤٥	٣٢١٠ ٨٩	١٢٣٤ ٥٦	٢٣٤٥ ٧٨	٨٧٦٥ ١٢	٦٧٨٩ ٣٤
٣٢١٠ ٨٩	١٢٣٤ ٥٦	٢٣٤٥ ٧٨	٨٧٦٥ ١٢	٦٧٨٩ ٣٤	٤٥٦٧ ٢٣	٥٤٣٢ ٦٧	٩٨٧٦ ٤٥	٣٢١٠ ٨٩	١٢٣٤ ٥٦
٤٥٦٧ ٢٣	٥٤٣٢ ٦٧	٩٨٧٦ ٤٥	٣٢١٠ ٨٩	١٢٣٤ ٥٦	٢٣٤٥ ٧٨	٨٧٦٥ ١٢	٦٧٨٩ ٣٤	٤٥٦٧ ٢٣	٥٤٣٢ ٦٧
٢٣٤٥ ٧٨	٨٧٦٥ ١٢	٦٧٨٩ ٣٤	٤٥٦٧ ٢٣	٥٤٣٢ ٦٧	٩٨٧٦ ٤٥	٣٢١٠ ٨٩	١٢٣٤ ٥٦	٢٣٤٥ ٧٨	٨٧٦٥ ١٢
٩٨٧٦ ٤٥	٣٢١٠ ٨٩	١٢٣٤ ٥٦	٢٣٤٥ ٧٨	٨٧٦٥ ١٢	٦٧٨٩ ٣٤	٤٥٦٧ ٢٣	٥٤٣٢ ٦٧	٩٨٧٦ ٤٥	٣٢١٠ ٨٩
٦٧٨٩ ٣٤	٤٥٦٧ ٢٣	٥٤٣٢ ٦٧	٩٨٧٦ ٤٥	٣٢١٠ ٨٩	١٢٣٤ ٥٦	٢٣٤٥ ٧٨	٨٧٦٥ ١٢	٦٧٨٩ ٣٤	٤٥٦٧ ٢٣
١٢٣٤ ٥٦	٢٣٤٥ ٧٨	٨٧٦٥ ١٢	٦٧٨٩ ٣٤	٤٥٦٧ ٢٣	٥٤٣٢ ٦٧	٩٨٧٦ ٤٥	٣٢١٠ ٨٩	١٢٣٤ ٥٦	٢٣٤٥ ٧٨
٥٤٣٢ ٦٧	٩٨٧٦ ٤٥	٣٢١٠ ٨٩	١٢٣٤ ٥٦	٢٣٤٥ ٧٨	٨٧٦٥ ١٢	٦٧٨٩ ٣٤	٤٥٦٧ ٢٣	٥٤٣٢ ٦٧	٩٨٧٦ ٤٥
٨٧٦٥ ١٢	٦٧٨٩ ٣٤	٤٥٦٧ ٢٣	٥٤٣٢ ٦٧	٩٨٧٦ ٤٥	٣٢١٠ ٨٩	١٢٣٤ ٥٦	٢٣٤٥ ٧٨	٨٧٦٥ ١٢	٦٧٨٩ ٣٤
٣٢١٠ ٨٩	١٢٣٤ ٥٦	٢٣٤٥ ٧٨	٨٧٦٥ ١٢	٦٧٨٩ ٣٤	٤٥٦٧ ٢٣	٥٤٣٢ ٦٧	٩٨٧٦ ٤٥	٣٢١٠ ٨٩	١٢٣٤ ٥٦
٤٥٦٧ ٢٣	٥٤٣٢ ٦٧	٩٨٧٦ ٤٥	٣٢١٠ ٨٩	١٢٣٤ ٥٦	٢٣٤٥ ٧٨	٨٧٦٥ ١٢	٦٧٨٩ ٣٤	٤٥٦٧ ٢٣	٥٤٣٢ ٦٧
٢٣٤٥ ٧٨	٨٧٦٥ ١٢	٦٧٨٩ ٣٤	٤٥٦٧ ٢٣	٥٤٣٢ ٦٧	٩٨٧٦ ٤٥	٣٢١٠ ٨٩	١٢٣٤ ٥٦	٢٣٤٥ ٧٨	٨٧٦٥ ١٢
٩٨٧٦ ٤٥	٣٢١٠ ٨٩	١٢٣٤ ٥٦	٢٣٤٥ ٧٨	٨٧٦٥ ١٢	٦٧٨٩ ٣٤	٤٥٦٧ ٢٣	٥٤٣٢ ٦٧	٩٨٧٦ ٤٥	٣٢١٠ ٨٩
٦٧٨٩ ٣٤	٤٥٦٧ ٢٣	٥٤٣٢ ٦٧	٩٨٧٦ ٤٥	٣٢١٠ ٨٩	١٢٣٤ ٥٦	٢٣٤٥ ٧٨	٨٧٦٥ ١٢	٦٧٨٩ ٣٤	٤٥٦٧ ٢٣
١٢٣٤ ٥٦	٢٣٤٥ ٧٨	٨٧٦٥ ١٢	٦٧٨٩ ٣٤	٤٥٦٧ ٢٣	٥٤٣٢ ٦٧	٩٨٧٦ ٤٥	٣٢١٠ ٨٩	١٢٣٤ ٥٦	٢٣٤٥ ٧٨
٥٤٣٢ ٦٧	٩٨٧٦ ٤٥	٣٢١٠ ٨٩	١٢٣٤ ٥٦	٢٣٤٥ ٧٨	٨٧٦٥ ١٢	٦٧٨٩ ٣٤	٤٥٦٧ ٢٣	٥٤٣٢ ٦٧	٩٨٧٦ ٤٥
٨٧٦٥ ١٢	٦٧٨٩ ٣٤	٤٥٦٧ ٢٣	٥٤٣٢ ٦٧	٩٨٧٦ ٤٥	٣٢١٠ ٨٩	١٢٣٤ ٥٦	٢٣٤٥ ٧٨	٨٧٦٥ ١٢	٦٧٨٩ ٣٤
٣٢١٠ ٨٩	١٢٣٤ ٥٦	٢٣٤٥ ٧٨	٨٧٦٥ ١٢	٦٧٨٩ ٣٤	٤٥٦٧ ٢٣	٥٤٣٢ ٦٧	٩٨٧٦ ٤٥	٣٢١٠ ٨٩	١٢٣٤ ٥٦
٤٥٦٧ ٢٣	٥٤٣٢ ٦٧	٩٨٧٦ ٤٥	٣٢١٠ ٨٩	١٢٣٤ ٥٦	٢٣٤٥ ٧٨	٨٧٦٥ ١٢	٦٧٨٩ ٣٤	٤٥٦٧ ٢٣	٥٤٣٢ ٦٧
٢٣٤٥ ٧٨	٨٧٦٥ ١٢	٦٧٨٩ ٣٤	٤٥٦٧ ٢٣	٥٤٣٢ ٦٧	٩٨٧٦ ٤٥	٣٢١٠ ٨٩	١٢٣٤ ٥٦	٢٣٤٥ ٧٨	٨٧٦٥ ١٢
٩٨٧٦ ٤٥	٣٢١٠ ٨٩	١٢٣٤ ٥٦	٢٣٤٥ ٧٨	٨٧٦٥ ١٢	٦٧٨٩ ٣٤	٤٥٦٧ ٢٣	٥٤٣٢ ٦٧	٩٨٧٦ ٤٥	٣٢١٠ ٨٩
٦٧٨٩ ٣٤	٤٥٦٧ ٢٣	٥٤٣٢ ٦٧	٩٨٧٦ ٤٥	٣٢١٠ ٨٩	١٢٣٤ ٥٦	٢٣٤٥ ٧٨	٨٧٦٥ ١٢	٦٧٨٩ ٣٤	٤٥٦٧ ٢٣
١٢٣٤ ٥٦	٢٣٤٥ ٧٨	٨٧٦٥ ١٢	٦٧٨٩ ٣٤	٤٥٦٧ ٢٣	٥٤٣٢ ٦٧	٩٨٧٦ ٤٥	٣٢١٠ ٨٩	١٢٣٤ ٥٦	٢٣٤٥ ٧٨
٥٤٣٢ ٦٧	٩٨٧٦ ٤٥	٣٢١٠ ٨٩	١٢٣٤ ٥٦	٢٣٤٥ ٧٨	٨٧٦٥ ١٢	٦٧٨٩ ٣٤	٤٥٦٧ ٢٣	٥٤٣٢ ٦٧	٩٨٧٦ ٤٥
٨٧٦٥ ١٢	٦٧٨٩ ٣٤	٤٥٦٧ ٢٣	٥٤٣٢ ٦٧	٩٨٧٦ ٤٥	٣٢١٠ ٨٩	١٢٣٤ ٥٦	٢٣٤٥ ٧٨	٨٧٦٥ ١٢	٦٧٨٩ ٣٤
٣٢١٠ ٨٩	١٢٣٤ ٥٦	٢٣٤٥ ٧٨	٨٧٦٥ ١٢	٦٧٨٩ ٣٤	٤٥٦٧ ٢٣	٥٤٣٢ ٦٧	٩٨٧٦ ٤٥	٣٢١٠ ٨٩	١٢٣٤ ٥٦
٤٥٦٧ ٢٣	٥٤٣٢ ٦٧	٩٨٧٦ ٤٥	٣٢١٠ ٨٩	١٢٣٤ ٥٦	٢٣٤٥ ٧٨	٨٧٦٥ ١٢	٦٧٨٩ ٣٤	٤٥٦٧ ٢٣	٥٤٣٢ ٦٧
٢٣٤٥ ٧٨	٨٧٦٥ ١٢	٦٧٨٩ ٣٤	٤٥٦٧ ٢٣	٥٤٣٢ ٦٧	٩٨٧٦ ٤٥	٣٢١٠ ٨٩	١٢٣٤ ٥٦	٢٣٤٥ ٧٨	٨٧٦٥ ١٢
٩٨٧٦ ٤٥	٣٢١٠ ٨٩	١٢٣٤ ٥٦	٢٣٤٥ ٧٨	٨٧٦٥ ١٢	٦٧٨٩ ٣٤	٤٥٦٧ ٢٣	٥٤٣٢ ٦٧	٩٨٧٦ ٤٥	٣٢١٠ ٨٩
نتيجة الدرجة : الخامسة
( ١٢٠٠ )
رقم الجلوس	رقم الجلوس	رقم الجلوس	رقم الجلوس	رقم الجلوس	رقم الجلوس	رقم الجلوس	رقم الجلوس	رقم الجلوس	رقم الجلوس
٤٥٦٧ ٢٣	٥٤٣٢ ٦٧	٩٨٧٦ ٤٥	٣٢١٠ ٨٩	١٢٣٤ ٥٦	٢٣٤٥ ٧٨	٨٧٦٥ ١٢	٦٧٨٩ ٣٤	٤٥٦٧ ٢٣	٥٤٣٢ ٦٧
٢٣٤٥ ٧٨	٨٧٦٥ ١٢	٦٧٨٩ ٣٤	٤٥٦٧ ٢٣	٥٤٣٢ ٦٧	٩٨٧٦ ٤٥	٣٢١٠ ٨٩	١٢٣٤ ٥٦	٢٣٤٥ ٧٨	٨٧٦٥ ١٢
٩٨٧٦ ٤٥	٣٢١٠ ٨٩	١٢٣٤ ٥٦	٢٣٤٥ ٧٨	٨٧٦٥ ١٢	٦٧٨٩ ٣٤	٤٥٦٧ ٢٣	٥٤٣٢ ٦٧	٩٨٧٦ ٤٥	٣٢١٠ ٨٩
٦٧٨٩ ٣٤	٤٥٦٧ ٢٣	٥٤٣٢ ٦٧	٩٨٧٦ ٤٥	٣٢١٠ ٨٩	١٢٣٤ ٥٦	٢٣٤٥ ٧٨	٨٧٦٥ ١٢	٦٧٨٩ ٣٤	٤٥٦٧ ٢٣
١٢٣٤ ٥٦	٢٣٤٥ ٧٨	٨٧٦٥ ١٢	٦٧٨٩ ٣٤	٤٥٦٧ ٢٣	٥٤٣٢ ٦٧	٩٨٧٦ ٤٥	٣٢١٠ ٨٩	١٢٣٤ ٥٦	٢٣٤٥ ٧٨
٥٤٣٢ ٦٧	٩٨٧٦ ٤٥	٣٢١٠ ٨٩	١٢٣٤ ٥٦	٢٣٤٥ ٧٨	٨٧٦٥ ١٢	٦٧٨٩ ٣٤	٤٥٦٧ ٢٣	٥٤٣٢ ٦٧	٩٨٧٦ ٤٥
٨٧٦٥ ١٢	٦٧٨٩ ٣٤	٤٥٦٧ ٢٣	٥٤٣٢ ٦٧	٩٨٧٦ ٤٥	٣٢١٠ ٨٩	١٢٣٤ ٥٦	٢٣٤٥ ٧٨	٨٧٦٥ ١٢	٦٧٨٩ ٣٤
٣٢١٠ ٨٩	١٢٣٤ ٥٦	٢٣٤٥ ٧٨	٨٧٦٥ ١٢	٦٧٨٩ ٣٤	٤٥٦٧ ٢٣	٥٤٣٢ ٦٧	٩٨٧٦ ٤٥	٣٢١٠ ٨٩	١٢٣٤ ٥٦
٤٥٦٧ ٢٣	٥٤٣٢ ٦٧	٩٨٧٦ ٤٥	٣٢١٠ ٨٩	١٢٣٤ ٥٦	٢٣٤٥ ٧٨	٨٧٦٥ ١٢	٦٧٨٩ ٣٤	٤٥٦٧ ٢٣	٥٤٣٢ ٦٧
٢٣٤٥ ٧٨	٨٧٦٥ ١٢	٦٧٨٩ ٣٤	٤٥٦٧ ٢٣	٥٤٣٢ ٦٧	٩٨٧٦ ٤٥	٣٢١٠ ٨٩	١٢٣٤ ٥٦	٢٣٤٥ ٧٨	٨٧٦٥ ١٢
٩٨٧٦ ٤٥	٣٢١٠ ٨٩	١٢٣٤ ٥٦	٢٣٤٥ ٧٨	٨٧٦٥ ١٢	٦٧٨٩ ٣٤	٤٥٦٧ ٢٣	٥٤٣٢ ٦٧	٩٨٧٦ ٤٥	٣٢١٠ ٨٩
٦٧٨٩ ٣٤	٤٥٦٧ ٢٣	٥٤٣٢ ٦٧	٩٨٧٦ ٤٥	٣٢١٠ ٨٩	١٢٣٤ ٥٦	٢٣٤٥ ٧٨	٨٧٦٥ ١٢	٦٧٨٩ ٣٤	٤٥٦٧ ٢٣
١٢٣٤ ٥٦	٢٣٤٥ ٧٨	٨٧٦٥ ١٢	٦٧٨٩ ٣٤	٤٥٦٧ ٢٣	٥٤٣٢ ٦٧	٩٨٧٦ ٤٥	٣٢١٠ ٨٩	١٢٣٤ ٥٦	٢٣٤٥ ٧٨
٥٤٣٢ ٦٧	٩٨٧٦ ٤٥	٣٢١٠ ٨٩	١٢٣٤ ٥٦	٢٣٤٥ ٧٨	٨٧٦٥ ١٢	٦٧٨٩ ٣٤	٤٥٦٧ ٢٣	٥٤٣٢ ٦٧	٩٨٧٦ ٤٥
٨٧٦٥ ١٢	٦٧٨٩ ٣٤	٤٥٦٧ ٢٣	٥٤٣٢ ٦٧	٩٨٧٦ ٤٥	٣٢١٠ ٨٩	١٢٣٤ ٥٦	٢٣٤٥ ٧٨	٨٧٦٥ ١٢	٦٧٨٩ ٣٤
٣٢١٠ ٨٩	١٢٣٤ ٥٦	٢٣٤٥ ٧٨	٨٧٦٥ ١٢	٦٧٨٩ ٣٤	٤٥٦٧ ٢٣	٥٤٣٢ ٦٧	٩٨٧٦ ٤٥	٣٢١٠ ٨٩	١٢٣٤ ٥٦
٤٥٦٧ ٢٣	٥٤٣٢ ٦٧	٩٨٧٦ ٤٥	٣٢١٠ ٨٩	١٢٣٤ ٥٦	٢٣٤٥ ٧٨	٨٧٦٥ ١٢	٦٧٨٩ ٣٤	٤٥٦٧ ٢٣	٥٤٣٢ ٦٧
٢٣٤٥ ٧٨	٨٧٦٥ ١٢	٦٧٨٩ ٣٤	٤٥٦٧ ٢٣	٥٤٣٢ ٦٧	٩٨٧٦ ٤٥	٣٢١٠ ٨٩	١٢٣٤ ٥٦	٢٣٤٥ ٧٨	٨٧٦٥ ١٢
٩٨٧٦ ٤٥	٣٢١٠ ٨٩	١٢٣٤ ٥٦	٢٣٤٥ ٧٨	٨٧٦٥ ١٢	٦٧٨٩ ٣٤	٤٥٦٧ ٢٣	٥٤٣٢ ٦٧	٩٨٧٦ ٤٥	٣٢١٠ ٨٩
٦٧٨٩ ٣٤	٤٥٦٧ ٢٣	٥٤٣٢ ٦٧	٩٨٧٦ ٤٥	٣٢١٠ ٨٩	١٢٣٤ ٥٦	٢٣٤٥ ٧٨	٨٧٦٥ ١٢	٦٧٨٩ ٣٤	٤٥٦٧ ٢٣
١٢٣٤ ٥٦	٢٣٤٥ ٧٨	٨٧٦٥ ١٢	٦٧٨٩ ٣٤	٤٥٦٧ ٢٣	٥٤٣٢ ٦٧	٩٨٧٦ ٤٥	٣٢١٠ ٨٩	١٢٣٤ ٥٦	٢٣٤٥ ٧٨
٥٤٣٢ ٦٧	٩٨٧٦ ٤٥	٣٢١٠ ٨٩	١٢٣٤ ٥٦	٢٣٤٥ ٧٨	٨٧٦٥ ١٢	٦٧٨٩ ٣٤	٤٥٦٧ ٢٣	٥٤٣٢ ٦٧	٩٨٧٦ ٤٥
٨٧٦٥ ١٢	٦٧٨٩ ٣٤	٤٥٦٧ ٢٣	٥٤٣٢ ٦٧	٩٨٧٦ ٤٥	٣٢١٠ ٨٩	١٢٣٤ ٥٦	٢٣٤٥ ٧٨	٨٧٦٥ ١٢	٦٧٨٩ ٣٤
٣٢١٠ ٨٩	١٢٣٤ ٥٦	٢٣٤٥ ٧٨	٨٧٦٥ ١٢	٦٧٨٩ ٣٤	٤٥٦٧ ٢٣	٥٤٣٢ ٦٧	٩٨٧٦ ٤٥	٣٢١٠ ٨٩	١٢٣٤ ٥٦
٤٥٦٧ ٢٣	٥٤٣٢ ٦٧	٩٨٧٦ ٤٥	٣٢١٠ ٨٩	١٢٣٤ ٥٦	٢٣٤٥ ٧٨	٨٧٦٥ ١٢	٦٧٨٩ ٣٤	٤٥٦٧ ٢٣	٥٤٣٢ ٦٧
٢٣٤٥ ٧٨	٨٧٦٥ ١٢	٦٧٨٩ ٣٤	٤٥٦٧ ٢٣	٥٤٣٢ ٦٧	٩٨٧٦ ٤٥	٣٢١٠ ٨٩	١٢٣٤ ٥٦	٢٣٤٥ ٧٨	٨٧٦٥ ١٢
٩٨٧٦ ٤٥	٣٢١٠ ٨٩	١٢٣٤ ٥٦	٢٣٤٥ ٧٨	٨٧٦٥ ١٢	٦٧٨٩ ٣٤	٤٥٦٧ ٢٣	٥٤٣٢ ٦٧	٩٨٧٦ ٤٥	٣٢١٠ ٨٩
٦٧٨٩ ٣٤	٤٥٦٧ ٢٣	٥٤٣٢ ٦٧	٩٨٧٦ ٤٥	٣٢١٠ ٨٩	١٢٣٤ ٥٦	٢٣٤٥ ٧٨	٨٧٦٥ ١٢	٦٧٨٩ ٣٤	٤٥٦٧ ٢٣
١٢٣٤ ٥٦	٢٣٤٥ ٧٨	٨٧٦٥ ١٢	٦٧٨٩ ٣٤	٤٥٦٧ ٢٣	٥٤٣٢ ٦٧	٩٨٧٦ ٤٥	٣٢١٠ ٨٩	١٢٣٤ ٥٦	٢٣٤٥ ٧٨
٥٤٣٢ ٦٧	٩٨٧٦ ٤٥	٣٢١٠ ٨٩	١٢٣٤ ٥٦	٢٣٤٥ ٧٨	٨٧٦٥ ١٢	٦٧٨٩ ٣٤	٤٥٦٧ ٢٣	٥٤٣٢ ٦٧	٩٨٧٦ ٤٥
٨٧٦٥ ١٢	٦٧٨٩ ٣٤	٤٥٦٧ ٢٣	٥٤٣٢ ٦٧	٩٨٧٦ ٤٥	٣٢١٠ ٨٩	١٢٣٤ ٥٦	٢٣٤٥ ٧٨	٨٧٦٥ ١٢	٦٧٨٩ ٣٤
٣٢١٠ ٨٩	١٢٣٤ ٥٦	٢٣٤٥ ٧٨	٨٧٦٥ ١٢	٦٧٨٩ ٣٤	٤٥٦٧ ٢٣	٥٤٣٢ ٦٧	٩٨٧٦ ٤٥	٣٢١٠ ٨٩	١٢٣٤ ٥٦
٤٥٦٧ ٢٣	٥٤٣٢ ٦٧	٩٨٧٦ ٤٥	٣٢١٠ ٨٩	١٢٣٤ ٥٦	٢٣٤٥ ٧٨	٨٧٦٥ ١٢	٦٧٨٩ ٣٤	٤٥٦٧ ٢٣	٥٤٣٢ ٦٧
٢٣٤٥ ٧٨	٨٧٦٥ ١٢	٦٧٨٩ ٣٤	٤٥٦٧ ٢٣	٥٤٣٢ ٦٧	٩٨٧٦ ٤٥	٣٢١٠ ٨٩	١٢٣٤ ٥٦	٢٣٤٥ ٧٨	٨٧٦٥ ١٢
٩٨٧٦ ٤٥	٣٢١٠ ٨٩	١٢٣٤ ٥٦	٢٣٤٥ ٧٨	٨٧٦٥ ١٢	٦٧٨٩ ٣٤	٤٥٦٧ ٢٣	٥٤٣٢ ٦٧	٩٨٧٦ ٤٥	٣٢١٠ ٨٩
٦٧٨٩ ٣٤	٤٥٦٧ ٢٣	٥٤٣٢ ٦٧	٩٨٧٦ ٤٥	٣٢١٠ ٨٩	١٢٣٤ ٥٦	٢٣٤٥ ٧٨	٨٧٦٥ ١٢	٦٧٨٩ ٣٤	٤٥٦٧ ٢٣
١٢٣٤ ٥٦	٢٣٤٥ ٧٨	٨٧٦٥ ١٢	٦٧٨٩ ٣٤	٤٥٦٧ ٢٣	٥٤٣٢ ٦٧	٩٨٧٦ ٤٥	٣٢١٠ ٨٩	١٢٣٤ ٥٦	٢٣٤٥ ٧٨
٥٤٣٢ ٦٧	٩٨٧٦ ٤٥	٣٢١٠ ٨٩	١٢٣٤ ٥٦	٢٣٤٥ ٧٨	٨٧٦٥ ١٢	٦٧٨٩ ٣٤	٤٥٦٧ ٢٣	٥٤٣٢ ٦٧	٩٨٧٦ ٤٥
نتيجة الدرجة : السادسة
( ١٢٠٠ )
رقم الجلوس	رقم الجلوس	رقم الجلوس	رقم الجلوس	رقم الجلوس	رقم الجلوس	رقم الجلوس	رقم الجلوس	رقم الجلوس	رقم الجلوس
٦٧٨٩ ٣٤	٤٥٦٧ ٢٣	٥٤٣٢ ٦٧	٩٨٧٦ ٤٥	٣٢١٠ ٨٩	١٢٣٤ ٥٦	٢٣٤٥ ٧٨	٨٧٦٥ ١٢	٦٧٨٩ ٣٤	٤٥٦٧ ٢٣
١٢٣٤ ٥٦	٢٣٤٥ ٧٨	٨٧٦٥ ١٢	٦٧٨٩ ٣٤	٤٥٦٧ ٢٣	٥٤٣٢ ٦٧	٩٨٧٦ ٤٥	٣٢١٠ ٨٩	١٢٣٤ ٥٦	٢٣٤٥ ٧٨
٥٤٣٢ ٦٧	٩٨٧٦ ٤٥	٣٢١٠ ٨٩	١٢٣٤ ٥٦	٢٣٤٥ ٧٨	٨٧٦٥ ١٢	٦٧٨٩ ٣٤	٤٥٦٧ ٢٣	٥٤٣٢ ٦٧	٩٨٧٦ ٤٥
٨٧٦٥ ١٢	٦٧٨٩ ٣٤	٤٥٦٧ ٢٣	٥٤٣٢ ٦٧	٩٨٧٦ ٤٥	٣٢١٠ ٨٩	١٢٣٤ ٥٦	٢٣٤٥ ٧٨	٨٧٦٥ ١٢	٦٧٨٩ ٣٤
٣٢١٠ ٨٩	١٢٣٤ ٥٦	٢٣٤٥ ٧٨	٨٧٦٥ ١٢	٦٧٨٩ ٣٤	٤٥٦٧ ٢٣	٥٤٣٢ ٦٧	٩٨٧٦ ٤٥	٣٢١٠ ٨٩	١٢٣٤ ٥٦
٤٥٦٧ ٢٣	٥٤٣٢ ٦٧	٩٨٧٦ ٤٥	٣٢١٠ ٨٩	١٢٣٤ ٥٦	٢٣٤٥ ٧٨	٨٧٦٥ ١٢	٦٧٨٩ ٣٤	٤٥٦٧ ٢٣	٥٤٣٢ ٦٧
٢٣٤٥ ٧٨	٨٧٦٥ ١٢	٦٧٨٩ ٣٤	٤٥٦٧ ٢٣	٥٤٣٢ ٦٧	٩٨٧٦ ٤٥	٣٢١٠ ٨٩	١٢٣٤ ٥٦	٢٣٤٥ ٧٨	٨٧٦٥ ١٢
٩٨٧٦ ٤٥	٣٢١٠ ٨٩	١٢٣٤ ٥٦	٢٣٤٥ ٧٨	٨٧٦٥ ١٢	٦٧٨٩ ٣٤	٤٥٦٧ ٢٣	٥٤٣٢ ٦٧	٩٨٧٦ ٤٥	٣٢١٠ ٨٩
٦٧٨٩ ٣٤	٤٥٦٧ ٢٣	٥٤٣٢ ٦٧	٩٨٧٦ ٤٥	٣٢١٠ ٨٩	١٢٣٤ ٥٦	٢٣٤٥ ٧٨	٨٧٦٥ ١٢	٦٧٨٩ ٣٤	٤٥٦٧ ٢٣
١٢٣٤ ٥٦	٢٣٤٥ ٧٨	٨٧٦٥ ١٢	٦٧٨٩ ٣٤	٤٥٦٧ ٢٣	٥٤٣٢ ٦٧	٩٨٧٦ ٤٥	٣٢١٠ ٨٩	١٢٣٤ ٥٦	٢٣٤٥ ٧٨
٥٤٣٢ ٦٧	٩٨٧٦ ٤٥	٣٢١٠ ٨٩	١٢٣٤ ٥٦	٢٣٤٥ ٧٨	٨٧٦٥ ١٢	٦٧٨٩ ٣٤	٤٥٦٧ ٢٣	٥٤٣٢ ٦٧	٩٨٧٦ ٤٥
٨٧٦٥ ١٢	٦٧٨٩ ٣٤	٤٥٦٧ ٢٣	٥٤٣٢ ٦٧	٩٨٧٦ ٤٥	٣٢١٠ ٨٩	١٢٣٤ ٥٦	٢٣٤٥ ٧٨	٨٧٦٥ ١٢	٦٧٨٩ ٣٤
٣٢١٠ ٨٩	١٢٣٤ ٥٦	٢٣٤٥ ٧٨	٨٧٦٥ ١٢	٦٧٨٩ ٣٤	٤٥٦٧ ٢٣	٥٤٣٢ ٦٧	٩٨٧٦ ٤٥	٣٢١٠ ٨٩	١٢٣٤ ٥٦
٤٥٦٧ ٢٣	٥٤٣٢ ٦٧	٩٨٧٦ ٤٥	٣٢١٠ ٨٩	١٢٣٤ ٥٦	٢٣٤٥ ٧٨	٨٧٦٥ ١٢	٦٧٨٩ ٣٤	٤٥٦٧ ٢٣	٥٤٣٢ ٦٧
٢٣٤٥ ٧٨	٨٧٦٥ ١٢	٦٧٨٩ ٣٤	٤٥٦٧ ٢٣	٥٤٣٢ ٦٧	٩٨٧٦ ٤٥	٣٢١٠ ٨٩	١٢٣٤ ٥٦	٢٣٤٥ ٧٨	٨٧٦٥ ١٢
٩٨٧٦ ٤٥	٣٢١٠ ٨٩	١٢٣٤ ٥٦	٢٣٤٥ ٧٨	٨٧٦٥ ١٢	٦٧٨٩ ٣٤	٤٥٦٧ ٢٣	٥٤٣٢ ٦٧	٩٨٧٦ ٤٥	٣٢١٠ ٨٩
٦٧٨٩ ٣٤	٤٥٦٧ ٢٣	٥٤٣٢ ٦٧	٩٨٧٦ ٤٥	٣٢١٠ ٨٩	١٢٣٤ ٥٦	٢٣٤٥ ٧٨	٨٧٦٥ ١٢	٦٧٨٩ ٣٤	٤٥٦٧ ٢٣
١٢٣٤ ٥٦	٢٣٤٥ ٧٨	٨٧٦٥ ١٢	٦٧٨٩ ٣٤	٤٥٦٧ ٢٣	٥٤٣٢ ٦٧	٩٨٧٦ ٤٥	٣٢١٠ ٨٩	١٢٣٤ ٥٦	٢٣٤٥ ٧٨
٥٤٣٢ ٦٧	٩٨٧٦ ٤٥	٣٢١٠ ٨٩	١٢٣٤ ٥٦	٢٣٤٥ ٧٨	٨٧٦٥ ١٢	٦٧٨٩ ٣٤	٤٥٦٧ ٢٣	٥٤٣٢ ٦٧	٩٨٧٦ ٤٥
٨٧٦٥ ١٢	٦٧٨٩ ٣٤	٤٥٦٧ ٢٣	٥٤٣٢ ٦٧	٩٨٧٦ ٤٥	٣٢١٠ ٨٩	١٢٣٤ ٥٦	٢٣٤٥ ٧٨	٨٧٦٥ ١٢	٦٧٨٩ ٣٤
٣٢١٠ ٨٩	١٢٣٤ ٥٦	٢٣٤٥ ٧٨	٨٧٦٥ ١٢	٦٧٨٩ ٣٤	٤٥٦٧ ٢٣	٥٤٣٢ ٦٧	٩٨٧٦ ٤٥	٣٢١٠ ٨٩	١٢٣٤ ٥٦
٤٥٦٧ ٢٣	٥٤٣٢ ٦٧	٩٨٧٦ ٤٥	٣٢١٠ ٨٩	١٢٣٤ ٥٦	٢٣٤٥ ٧٨	٨٧٦٥ ١٢	٦٧٨٩ ٣٤	٤٥٦٧ ٢٣	٥٤٣٢ ٦٧
٢٣٤٥ ٧٨	٨٧٦٥ ١٢	٦٧٨٩ ٣٤	٤٥٦٧ ٢٣	٥٤٣٢ ٦٧	٩٨٧٦ ٤٥	٣٢١٠ ٨٩	١٢٣٤ ٥٦	٢٣٤٥ ٧٨	٨٧٦٥ ١٢
٩٨٧٦ ٤٥	٣٢١٠ ٨٩	١٢٣٤ ٥٦	٢٣٤٥ ٧٨	٨٧٦٥ ١٢	٦٧٨٩ ٣٤	٤٥٦٧ ٢٣	٥٤٣٢ ٦٧	٩٨٧٦ ٤٥	٣٢١٠ ٨٩
٦٧٨٩ ٣٤	٤٥٦٧ ٢٣	٥٤٣٢ ٦٧	٩٨٧٦ ٤٥	٣٢١٠ ٨٩	١٢٣٤ ٥٦	٢٣٤٥ ٧٨	٨٧٦٥ ١٢	٦٧٨٩ ٣٤	٤٥٦٧ ٢٣
١٢٣٤ ٥٦	٢٣٤٥ ٧٨	٨٧٦٥ ١٢	٦٧٨٩ ٣٤	٤٥٦٧ ٢٣	٥٤٣٢ ٦٧	٩٨٧٦ ٤٥	٣٢١٠ ٨٩	١٢٣٤ ٥٦	٢٣٤٥ ٧٨
٥٤٣٢ ٦٧	٩٨٧٦ ٤٥	٣٢١٠ ٨٩	١٢٣٤ ٥٦	٢٣٤٥ ٧٨	٨٧٦٥ ١٢	٦٧٨٩ ٣٤	٤٥٦٧ ٢٣	٥٤٣٢ ٦٧	٩٨٧٦ ٤٥
٨٧٦٥ ١٢	٦٧٨٩ ٣٤	٤٥٦٧ ٢٣	٥٤٣٢ ٦٧	٩٨٧٦ ٤٥	٣٢١٠ ٨٩	١٢٣٤ ٥٦	٢٣٤٥ ٧٨	٨٧٦٥ ١٢	٦٧٨٩ ٣٤
